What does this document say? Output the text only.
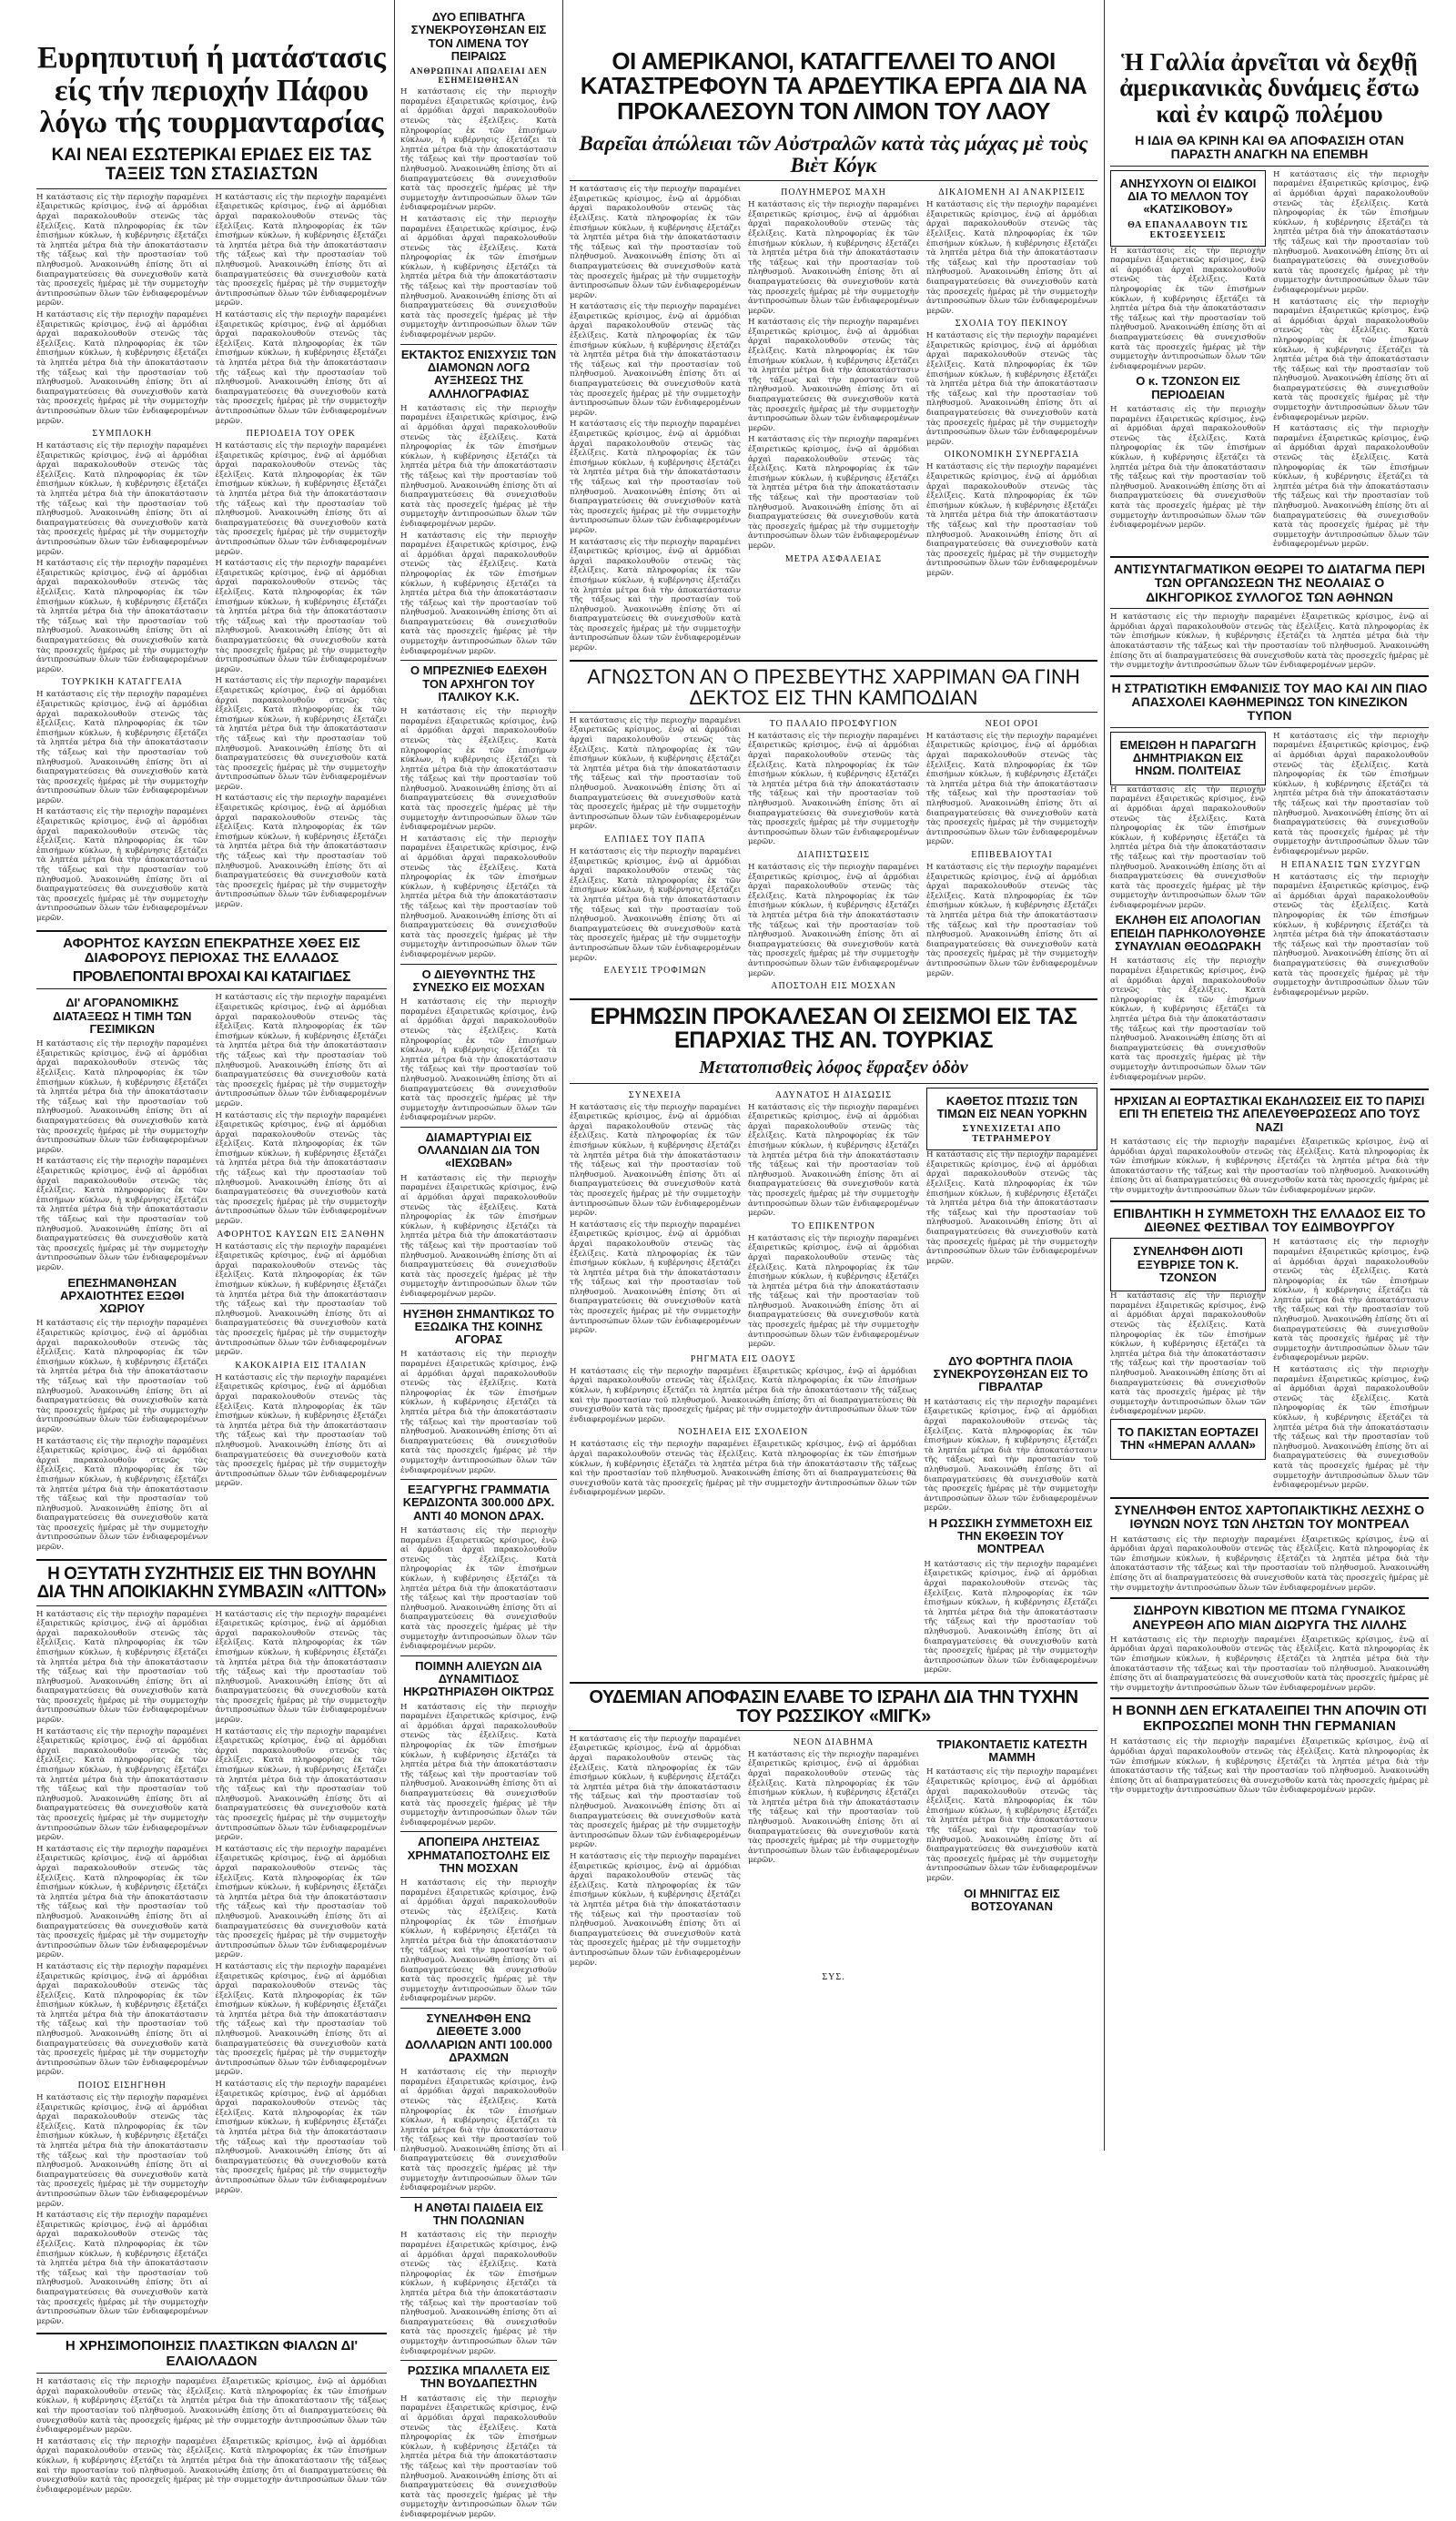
Ευρηπυτιυή ή ματάστασις είς τήν περιοχήν Πάφου λόγω τής τουρμανταρσίας
ΚΑΙ ΝΕΑΙ ΕΣΩΤΕΡΙΚΑΙ ΕΡΙΔΕΣ ΕΙΣ ΤΑΣ ΤΑΞΕΙΣ ΤΩΝ ΣΤΑΣΙΑΣΤΩΝ

Η κατάστασις εἰς τὴν περιοχὴν παραμένει ἐξαιρετικῶς κρίσιμος, ἐνῷ αἱ ἀρμόδιαι ἀρχαὶ παρακολουθοῦν στενῶς τὰς ἐξελίξεις. Κατὰ πληροφορίας ἐκ τῶν ἐπισήμων κύκλων, ἡ κυβέρνησις ἐξετάζει τὰ ληπτέα μέτρα διὰ τὴν ἀποκατάστασιν τῆς τάξεως καὶ τὴν προστασίαν τοῦ πληθυσμοῦ. Ἀνακοινώθη ἐπίσης ὅτι αἱ διαπραγματεύσεις θὰ συνεχισθοῦν κατὰ τὰς προσεχεῖς ἡμέρας μὲ τὴν συμμετοχὴν ἀντιπροσώπων ὅλων τῶν ἐνδιαφερομένων μερῶν.

Η κατάστασις εἰς τὴν περιοχὴν παραμένει ἐξαιρετικῶς κρίσιμος, ἐνῷ αἱ ἀρμόδιαι ἀρχαὶ παρακολουθοῦν στενῶς τὰς ἐξελίξεις. Κατὰ πληροφορίας ἐκ τῶν ἐπισήμων κύκλων, ἡ κυβέρνησις ἐξετάζει τὰ ληπτέα μέτρα διὰ τὴν ἀποκατάστασιν τῆς τάξεως καὶ τὴν προστασίαν τοῦ πληθυσμοῦ. Ἀνακοινώθη ἐπίσης ὅτι αἱ διαπραγματεύσεις θὰ συνεχισθοῦν κατὰ τὰς προσεχεῖς ἡμέρας μὲ τὴν συμμετοχὴν ἀντιπροσώπων ὅλων τῶν ἐνδιαφερομένων μερῶν.

ΣΥΜΠΛΟΚΗ

Η κατάστασις εἰς τὴν περιοχὴν παραμένει ἐξαιρετικῶς κρίσιμος, ἐνῷ αἱ ἀρμόδιαι ἀρχαὶ παρακολουθοῦν στενῶς τὰς ἐξελίξεις. Κατὰ πληροφορίας ἐκ τῶν ἐπισήμων κύκλων, ἡ κυβέρνησις ἐξετάζει τὰ ληπτέα μέτρα διὰ τὴν ἀποκατάστασιν τῆς τάξεως καὶ τὴν προστασίαν τοῦ πληθυσμοῦ. Ἀνακοινώθη ἐπίσης ὅτι αἱ διαπραγματεύσεις θὰ συνεχισθοῦν κατὰ τὰς προσεχεῖς ἡμέρας μὲ τὴν συμμετοχὴν ἀντιπροσώπων ὅλων τῶν ἐνδιαφερομένων μερῶν.

Η κατάστασις εἰς τὴν περιοχὴν παραμένει ἐξαιρετικῶς κρίσιμος, ἐνῷ αἱ ἀρμόδιαι ἀρχαὶ παρακολουθοῦν στενῶς τὰς ἐξελίξεις. Κατὰ πληροφορίας ἐκ τῶν ἐπισήμων κύκλων, ἡ κυβέρνησις ἐξετάζει τὰ ληπτέα μέτρα διὰ τὴν ἀποκατάστασιν τῆς τάξεως καὶ τὴν προστασίαν τοῦ πληθυσμοῦ. Ἀνακοινώθη ἐπίσης ὅτι αἱ διαπραγματεύσεις θὰ συνεχισθοῦν κατὰ τὰς προσεχεῖς ἡμέρας μὲ τὴν συμμετοχὴν ἀντιπροσώπων ὅλων τῶν ἐνδιαφερομένων μερῶν.

ΤΟΥΡΚΙΚΗ ΚΑΤΑΓΓΕΛΙΑ

Η κατάστασις εἰς τὴν περιοχὴν παραμένει ἐξαιρετικῶς κρίσιμος, ἐνῷ αἱ ἀρμόδιαι ἀρχαὶ παρακολουθοῦν στενῶς τὰς ἐξελίξεις. Κατὰ πληροφορίας ἐκ τῶν ἐπισήμων κύκλων, ἡ κυβέρνησις ἐξετάζει τὰ ληπτέα μέτρα διὰ τὴν ἀποκατάστασιν τῆς τάξεως καὶ τὴν προστασίαν τοῦ πληθυσμοῦ. Ἀνακοινώθη ἐπίσης ὅτι αἱ διαπραγματεύσεις θὰ συνεχισθοῦν κατὰ τὰς προσεχεῖς ἡμέρας μὲ τὴν συμμετοχὴν ἀντιπροσώπων ὅλων τῶν ἐνδιαφερομένων μερῶν.

Η κατάστασις εἰς τὴν περιοχὴν παραμένει ἐξαιρετικῶς κρίσιμος, ἐνῷ αἱ ἀρμόδιαι ἀρχαὶ παρακολουθοῦν στενῶς τὰς ἐξελίξεις. Κατὰ πληροφορίας ἐκ τῶν ἐπισήμων κύκλων, ἡ κυβέρνησις ἐξετάζει τὰ ληπτέα μέτρα διὰ τὴν ἀποκατάστασιν τῆς τάξεως καὶ τὴν προστασίαν τοῦ πληθυσμοῦ. Ἀνακοινώθη ἐπίσης ὅτι αἱ διαπραγματεύσεις θὰ συνεχισθοῦν κατὰ τὰς προσεχεῖς ἡμέρας μὲ τὴν συμμετοχὴν ἀντιπροσώπων ὅλων τῶν ἐνδιαφερομένων μερῶν.

Η κατάστασις εἰς τὴν περιοχὴν παραμένει ἐξαιρετικῶς κρίσιμος, ἐνῷ αἱ ἀρμόδιαι ἀρχαὶ παρακολουθοῦν στενῶς τὰς ἐξελίξεις. Κατὰ πληροφορίας ἐκ τῶν ἐπισήμων κύκλων, ἡ κυβέρνησις ἐξετάζει τὰ ληπτέα μέτρα διὰ τὴν ἀποκατάστασιν τῆς τάξεως καὶ τὴν προστασίαν τοῦ πληθυσμοῦ. Ἀνακοινώθη ἐπίσης ὅτι αἱ διαπραγματεύσεις θὰ συνεχισθοῦν κατὰ τὰς προσεχεῖς ἡμέρας μὲ τὴν συμμετοχὴν ἀντιπροσώπων ὅλων τῶν ἐνδιαφερομένων μερῶν.

Η κατάστασις εἰς τὴν περιοχὴν παραμένει ἐξαιρετικῶς κρίσιμος, ἐνῷ αἱ ἀρμόδιαι ἀρχαὶ παρακολουθοῦν στενῶς τὰς ἐξελίξεις. Κατὰ πληροφορίας ἐκ τῶν ἐπισήμων κύκλων, ἡ κυβέρνησις ἐξετάζει τὰ ληπτέα μέτρα διὰ τὴν ἀποκατάστασιν τῆς τάξεως καὶ τὴν προστασίαν τοῦ πληθυσμοῦ. Ἀνακοινώθη ἐπίσης ὅτι αἱ διαπραγματεύσεις θὰ συνεχισθοῦν κατὰ τὰς προσεχεῖς ἡμέρας μὲ τὴν συμμετοχὴν ἀντιπροσώπων ὅλων τῶν ἐνδιαφερομένων μερῶν.

ΠΕΡΙΟΔΕΙΑ ΤΟΥ ΟΡΕΚ

Η κατάστασις εἰς τὴν περιοχὴν παραμένει ἐξαιρετικῶς κρίσιμος, ἐνῷ αἱ ἀρμόδιαι ἀρχαὶ παρακολουθοῦν στενῶς τὰς ἐξελίξεις. Κατὰ πληροφορίας ἐκ τῶν ἐπισήμων κύκλων, ἡ κυβέρνησις ἐξετάζει τὰ ληπτέα μέτρα διὰ τὴν ἀποκατάστασιν τῆς τάξεως καὶ τὴν προστασίαν τοῦ πληθυσμοῦ. Ἀνακοινώθη ἐπίσης ὅτι αἱ διαπραγματεύσεις θὰ συνεχισθοῦν κατὰ τὰς προσεχεῖς ἡμέρας μὲ τὴν συμμετοχὴν ἀντιπροσώπων ὅλων τῶν ἐνδιαφερομένων μερῶν.

Η κατάστασις εἰς τὴν περιοχὴν παραμένει ἐξαιρετικῶς κρίσιμος, ἐνῷ αἱ ἀρμόδιαι ἀρχαὶ παρακολουθοῦν στενῶς τὰς ἐξελίξεις. Κατὰ πληροφορίας ἐκ τῶν ἐπισήμων κύκλων, ἡ κυβέρνησις ἐξετάζει τὰ ληπτέα μέτρα διὰ τὴν ἀποκατάστασιν τῆς τάξεως καὶ τὴν προστασίαν τοῦ πληθυσμοῦ. Ἀνακοινώθη ἐπίσης ὅτι αἱ διαπραγματεύσεις θὰ συνεχισθοῦν κατὰ τὰς προσεχεῖς ἡμέρας μὲ τὴν συμμετοχὴν ἀντιπροσώπων ὅλων τῶν ἐνδιαφερομένων μερῶν.

Η κατάστασις εἰς τὴν περιοχὴν παραμένει ἐξαιρετικῶς κρίσιμος, ἐνῷ αἱ ἀρμόδιαι ἀρχαὶ παρακολουθοῦν στενῶς τὰς ἐξελίξεις. Κατὰ πληροφορίας ἐκ τῶν ἐπισήμων κύκλων, ἡ κυβέρνησις ἐξετάζει τὰ ληπτέα μέτρα διὰ τὴν ἀποκατάστασιν τῆς τάξεως καὶ τὴν προστασίαν τοῦ πληθυσμοῦ. Ἀνακοινώθη ἐπίσης ὅτι αἱ διαπραγματεύσεις θὰ συνεχισθοῦν κατὰ τὰς προσεχεῖς ἡμέρας μὲ τὴν συμμετοχὴν ἀντιπροσώπων ὅλων τῶν ἐνδιαφερομένων μερῶν.

Η κατάστασις εἰς τὴν περιοχὴν παραμένει ἐξαιρετικῶς κρίσιμος, ἐνῷ αἱ ἀρμόδιαι ἀρχαὶ παρακολουθοῦν στενῶς τὰς ἐξελίξεις. Κατὰ πληροφορίας ἐκ τῶν ἐπισήμων κύκλων, ἡ κυβέρνησις ἐξετάζει τὰ ληπτέα μέτρα διὰ τὴν ἀποκατάστασιν τῆς τάξεως καὶ τὴν προστασίαν τοῦ πληθυσμοῦ. Ἀνακοινώθη ἐπίσης ὅτι αἱ διαπραγματεύσεις θὰ συνεχισθοῦν κατὰ τὰς προσεχεῖς ἡμέρας μὲ τὴν συμμετοχὴν ἀντιπροσώπων ὅλων τῶν ἐνδιαφερομένων μερῶν.

ΑΦΟΡΗΤΟΣ ΚΑΥΣΩΝ ΕΠΕΚΡΑΤΗΣΕ ΧΘΕΣ ΕΙΣ ΔΙΑΦΟΡΟΥΣ ΠΕΡΙΟΧΑΣ ΤΗΣ ΕΛΛΑΔΟΣ
ΠΡΟΒΛΕΠΟΝΤΑΙ ΒΡΟΧΑΙ ΚΑΙ ΚΑΤΑΙΓΙΔΕΣ
ΔΙ' ΑΓΟΡΑΝΟΜΙΚΗΣ ΔΙΑΤΑΞΕΩΣ Η ΤΙΜΗ ΤΩΝ ΓΕΣΙΜΙΚΩΝ

Η κατάστασις εἰς τὴν περιοχὴν παραμένει ἐξαιρετικῶς κρίσιμος, ἐνῷ αἱ ἀρμόδιαι ἀρχαὶ παρακολουθοῦν στενῶς τὰς ἐξελίξεις. Κατὰ πληροφορίας ἐκ τῶν ἐπισήμων κύκλων, ἡ κυβέρνησις ἐξετάζει τὰ ληπτέα μέτρα διὰ τὴν ἀποκατάστασιν τῆς τάξεως καὶ τὴν προστασίαν τοῦ πληθυσμοῦ. Ἀνακοινώθη ἐπίσης ὅτι αἱ διαπραγματεύσεις θὰ συνεχισθοῦν κατὰ τὰς προσεχεῖς ἡμέρας μὲ τὴν συμμετοχὴν ἀντιπροσώπων ὅλων τῶν ἐνδιαφερομένων μερῶν.

Η κατάστασις εἰς τὴν περιοχὴν παραμένει ἐξαιρετικῶς κρίσιμος, ἐνῷ αἱ ἀρμόδιαι ἀρχαὶ παρακολουθοῦν στενῶς τὰς ἐξελίξεις. Κατὰ πληροφορίας ἐκ τῶν ἐπισήμων κύκλων, ἡ κυβέρνησις ἐξετάζει τὰ ληπτέα μέτρα διὰ τὴν ἀποκατάστασιν τῆς τάξεως καὶ τὴν προστασίαν τοῦ πληθυσμοῦ. Ἀνακοινώθη ἐπίσης ὅτι αἱ διαπραγματεύσεις θὰ συνεχισθοῦν κατὰ τὰς προσεχεῖς ἡμέρας μὲ τὴν συμμετοχὴν ἀντιπροσώπων ὅλων τῶν ἐνδιαφερομένων μερῶν.

ΕΠΕΣΗΜΑΝΘΗΣΑΝ ΑΡΧΑΙΟΤΗΤΕΣ ΕΞΩΘΙ ΧΩΡΙΟΥ

Η κατάστασις εἰς τὴν περιοχὴν παραμένει ἐξαιρετικῶς κρίσιμος, ἐνῷ αἱ ἀρμόδιαι ἀρχαὶ παρακολουθοῦν στενῶς τὰς ἐξελίξεις. Κατὰ πληροφορίας ἐκ τῶν ἐπισήμων κύκλων, ἡ κυβέρνησις ἐξετάζει τὰ ληπτέα μέτρα διὰ τὴν ἀποκατάστασιν τῆς τάξεως καὶ τὴν προστασίαν τοῦ πληθυσμοῦ. Ἀνακοινώθη ἐπίσης ὅτι αἱ διαπραγματεύσεις θὰ συνεχισθοῦν κατὰ τὰς προσεχεῖς ἡμέρας μὲ τὴν συμμετοχὴν ἀντιπροσώπων ὅλων τῶν ἐνδιαφερομένων μερῶν.

Η κατάστασις εἰς τὴν περιοχὴν παραμένει ἐξαιρετικῶς κρίσιμος, ἐνῷ αἱ ἀρμόδιαι ἀρχαὶ παρακολουθοῦν στενῶς τὰς ἐξελίξεις. Κατὰ πληροφορίας ἐκ τῶν ἐπισήμων κύκλων, ἡ κυβέρνησις ἐξετάζει τὰ ληπτέα μέτρα διὰ τὴν ἀποκατάστασιν τῆς τάξεως καὶ τὴν προστασίαν τοῦ πληθυσμοῦ. Ἀνακοινώθη ἐπίσης ὅτι αἱ διαπραγματεύσεις θὰ συνεχισθοῦν κατὰ τὰς προσεχεῖς ἡμέρας μὲ τὴν συμμετοχὴν ἀντιπροσώπων ὅλων τῶν ἐνδιαφερομένων μερῶν.

Η κατάστασις εἰς τὴν περιοχὴν παραμένει ἐξαιρετικῶς κρίσιμος, ἐνῷ αἱ ἀρμόδιαι ἀρχαὶ παρακολουθοῦν στενῶς τὰς ἐξελίξεις. Κατὰ πληροφορίας ἐκ τῶν ἐπισήμων κύκλων, ἡ κυβέρνησις ἐξετάζει τὰ ληπτέα μέτρα διὰ τὴν ἀποκατάστασιν τῆς τάξεως καὶ τὴν προστασίαν τοῦ πληθυσμοῦ. Ἀνακοινώθη ἐπίσης ὅτι αἱ διαπραγματεύσεις θὰ συνεχισθοῦν κατὰ τὰς προσεχεῖς ἡμέρας μὲ τὴν συμμετοχὴν ἀντιπροσώπων ὅλων τῶν ἐνδιαφερομένων μερῶν.

Η κατάστασις εἰς τὴν περιοχὴν παραμένει ἐξαιρετικῶς κρίσιμος, ἐνῷ αἱ ἀρμόδιαι ἀρχαὶ παρακολουθοῦν στενῶς τὰς ἐξελίξεις. Κατὰ πληροφορίας ἐκ τῶν ἐπισήμων κύκλων, ἡ κυβέρνησις ἐξετάζει τὰ ληπτέα μέτρα διὰ τὴν ἀποκατάστασιν τῆς τάξεως καὶ τὴν προστασίαν τοῦ πληθυσμοῦ. Ἀνακοινώθη ἐπίσης ὅτι αἱ διαπραγματεύσεις θὰ συνεχισθοῦν κατὰ τὰς προσεχεῖς ἡμέρας μὲ τὴν συμμετοχὴν ἀντιπροσώπων ὅλων τῶν ἐνδιαφερομένων μερῶν.

ΑΦΟΡΗΤΟΣ ΚΑΥΣΩΝ ΕΙΣ ΞΑΝΘΗΝ

Η κατάστασις εἰς τὴν περιοχὴν παραμένει ἐξαιρετικῶς κρίσιμος, ἐνῷ αἱ ἀρμόδιαι ἀρχαὶ παρακολουθοῦν στενῶς τὰς ἐξελίξεις. Κατὰ πληροφορίας ἐκ τῶν ἐπισήμων κύκλων, ἡ κυβέρνησις ἐξετάζει τὰ ληπτέα μέτρα διὰ τὴν ἀποκατάστασιν τῆς τάξεως καὶ τὴν προστασίαν τοῦ πληθυσμοῦ. Ἀνακοινώθη ἐπίσης ὅτι αἱ διαπραγματεύσεις θὰ συνεχισθοῦν κατὰ τὰς προσεχεῖς ἡμέρας μὲ τὴν συμμετοχὴν ἀντιπροσώπων ὅλων τῶν ἐνδιαφερομένων μερῶν.

ΚΑΚΟΚΑΙΡΙΑ ΕΙΣ ΙΤΑΛΙΑΝ

Η κατάστασις εἰς τὴν περιοχὴν παραμένει ἐξαιρετικῶς κρίσιμος, ἐνῷ αἱ ἀρμόδιαι ἀρχαὶ παρακολουθοῦν στενῶς τὰς ἐξελίξεις. Κατὰ πληροφορίας ἐκ τῶν ἐπισήμων κύκλων, ἡ κυβέρνησις ἐξετάζει τὰ ληπτέα μέτρα διὰ τὴν ἀποκατάστασιν τῆς τάξεως καὶ τὴν προστασίαν τοῦ πληθυσμοῦ. Ἀνακοινώθη ἐπίσης ὅτι αἱ διαπραγματεύσεις θὰ συνεχισθοῦν κατὰ τὰς προσεχεῖς ἡμέρας μὲ τὴν συμμετοχὴν ἀντιπροσώπων ὅλων τῶν ἐνδιαφερομένων μερῶν.

Η ΟΞΥΤΑΤΗ ΣΥΖΗΤΗΣΙΣ ΕΙΣ ΤΗΝ ΒΟΥΛΗΝ ΔΙΑ ΤΗΝ ΑΠΟΙΚΙΑΚΗΝ ΣΥΜΒΑΣΙΝ «ΛΙΤΤΟΝ»

Η κατάστασις εἰς τὴν περιοχὴν παραμένει ἐξαιρετικῶς κρίσιμος, ἐνῷ αἱ ἀρμόδιαι ἀρχαὶ παρακολουθοῦν στενῶς τὰς ἐξελίξεις. Κατὰ πληροφορίας ἐκ τῶν ἐπισήμων κύκλων, ἡ κυβέρνησις ἐξετάζει τὰ ληπτέα μέτρα διὰ τὴν ἀποκατάστασιν τῆς τάξεως καὶ τὴν προστασίαν τοῦ πληθυσμοῦ. Ἀνακοινώθη ἐπίσης ὅτι αἱ διαπραγματεύσεις θὰ συνεχισθοῦν κατὰ τὰς προσεχεῖς ἡμέρας μὲ τὴν συμμετοχὴν ἀντιπροσώπων ὅλων τῶν ἐνδιαφερομένων μερῶν.

Η κατάστασις εἰς τὴν περιοχὴν παραμένει ἐξαιρετικῶς κρίσιμος, ἐνῷ αἱ ἀρμόδιαι ἀρχαὶ παρακολουθοῦν στενῶς τὰς ἐξελίξεις. Κατὰ πληροφορίας ἐκ τῶν ἐπισήμων κύκλων, ἡ κυβέρνησις ἐξετάζει τὰ ληπτέα μέτρα διὰ τὴν ἀποκατάστασιν τῆς τάξεως καὶ τὴν προστασίαν τοῦ πληθυσμοῦ. Ἀνακοινώθη ἐπίσης ὅτι αἱ διαπραγματεύσεις θὰ συνεχισθοῦν κατὰ τὰς προσεχεῖς ἡμέρας μὲ τὴν συμμετοχὴν ἀντιπροσώπων ὅλων τῶν ἐνδιαφερομένων μερῶν.

Η κατάστασις εἰς τὴν περιοχὴν παραμένει ἐξαιρετικῶς κρίσιμος, ἐνῷ αἱ ἀρμόδιαι ἀρχαὶ παρακολουθοῦν στενῶς τὰς ἐξελίξεις. Κατὰ πληροφορίας ἐκ τῶν ἐπισήμων κύκλων, ἡ κυβέρνησις ἐξετάζει τὰ ληπτέα μέτρα διὰ τὴν ἀποκατάστασιν τῆς τάξεως καὶ τὴν προστασίαν τοῦ πληθυσμοῦ. Ἀνακοινώθη ἐπίσης ὅτι αἱ διαπραγματεύσεις θὰ συνεχισθοῦν κατὰ τὰς προσεχεῖς ἡμέρας μὲ τὴν συμμετοχὴν ἀντιπροσώπων ὅλων τῶν ἐνδιαφερομένων μερῶν.

Η κατάστασις εἰς τὴν περιοχὴν παραμένει ἐξαιρετικῶς κρίσιμος, ἐνῷ αἱ ἀρμόδιαι ἀρχαὶ παρακολουθοῦν στενῶς τὰς ἐξελίξεις. Κατὰ πληροφορίας ἐκ τῶν ἐπισήμων κύκλων, ἡ κυβέρνησις ἐξετάζει τὰ ληπτέα μέτρα διὰ τὴν ἀποκατάστασιν τῆς τάξεως καὶ τὴν προστασίαν τοῦ πληθυσμοῦ. Ἀνακοινώθη ἐπίσης ὅτι αἱ διαπραγματεύσεις θὰ συνεχισθοῦν κατὰ τὰς προσεχεῖς ἡμέρας μὲ τὴν συμμετοχὴν ἀντιπροσώπων ὅλων τῶν ἐνδιαφερομένων μερῶν.

ΠΟΙΟΣ ΕΙΣΗΓΗΘΗ

Η κατάστασις εἰς τὴν περιοχὴν παραμένει ἐξαιρετικῶς κρίσιμος, ἐνῷ αἱ ἀρμόδιαι ἀρχαὶ παρακολουθοῦν στενῶς τὰς ἐξελίξεις. Κατὰ πληροφορίας ἐκ τῶν ἐπισήμων κύκλων, ἡ κυβέρνησις ἐξετάζει τὰ ληπτέα μέτρα διὰ τὴν ἀποκατάστασιν τῆς τάξεως καὶ τὴν προστασίαν τοῦ πληθυσμοῦ. Ἀνακοινώθη ἐπίσης ὅτι αἱ διαπραγματεύσεις θὰ συνεχισθοῦν κατὰ τὰς προσεχεῖς ἡμέρας μὲ τὴν συμμετοχὴν ἀντιπροσώπων ὅλων τῶν ἐνδιαφερομένων μερῶν.

Η κατάστασις εἰς τὴν περιοχὴν παραμένει ἐξαιρετικῶς κρίσιμος, ἐνῷ αἱ ἀρμόδιαι ἀρχαὶ παρακολουθοῦν στενῶς τὰς ἐξελίξεις. Κατὰ πληροφορίας ἐκ τῶν ἐπισήμων κύκλων, ἡ κυβέρνησις ἐξετάζει τὰ ληπτέα μέτρα διὰ τὴν ἀποκατάστασιν τῆς τάξεως καὶ τὴν προστασίαν τοῦ πληθυσμοῦ. Ἀνακοινώθη ἐπίσης ὅτι αἱ διαπραγματεύσεις θὰ συνεχισθοῦν κατὰ τὰς προσεχεῖς ἡμέρας μὲ τὴν συμμετοχὴν ἀντιπροσώπων ὅλων τῶν ἐνδιαφερομένων μερῶν.

Η κατάστασις εἰς τὴν περιοχὴν παραμένει ἐξαιρετικῶς κρίσιμος, ἐνῷ αἱ ἀρμόδιαι ἀρχαὶ παρακολουθοῦν στενῶς τὰς ἐξελίξεις. Κατὰ πληροφορίας ἐκ τῶν ἐπισήμων κύκλων, ἡ κυβέρνησις ἐξετάζει τὰ ληπτέα μέτρα διὰ τὴν ἀποκατάστασιν τῆς τάξεως καὶ τὴν προστασίαν τοῦ πληθυσμοῦ. Ἀνακοινώθη ἐπίσης ὅτι αἱ διαπραγματεύσεις θὰ συνεχισθοῦν κατὰ τὰς προσεχεῖς ἡμέρας μὲ τὴν συμμετοχὴν ἀντιπροσώπων ὅλων τῶν ἐνδιαφερομένων μερῶν.

Η κατάστασις εἰς τὴν περιοχὴν παραμένει ἐξαιρετικῶς κρίσιμος, ἐνῷ αἱ ἀρμόδιαι ἀρχαὶ παρακολουθοῦν στενῶς τὰς ἐξελίξεις. Κατὰ πληροφορίας ἐκ τῶν ἐπισήμων κύκλων, ἡ κυβέρνησις ἐξετάζει τὰ ληπτέα μέτρα διὰ τὴν ἀποκατάστασιν τῆς τάξεως καὶ τὴν προστασίαν τοῦ πληθυσμοῦ. Ἀνακοινώθη ἐπίσης ὅτι αἱ διαπραγματεύσεις θὰ συνεχισθοῦν κατὰ τὰς προσεχεῖς ἡμέρας μὲ τὴν συμμετοχὴν ἀντιπροσώπων ὅλων τῶν ἐνδιαφερομένων μερῶν.

Η κατάστασις εἰς τὴν περιοχὴν παραμένει ἐξαιρετικῶς κρίσιμος, ἐνῷ αἱ ἀρμόδιαι ἀρχαὶ παρακολουθοῦν στενῶς τὰς ἐξελίξεις. Κατὰ πληροφορίας ἐκ τῶν ἐπισήμων κύκλων, ἡ κυβέρνησις ἐξετάζει τὰ ληπτέα μέτρα διὰ τὴν ἀποκατάστασιν τῆς τάξεως καὶ τὴν προστασίαν τοῦ πληθυσμοῦ. Ἀνακοινώθη ἐπίσης ὅτι αἱ διαπραγματεύσεις θὰ συνεχισθοῦν κατὰ τὰς προσεχεῖς ἡμέρας μὲ τὴν συμμετοχὴν ἀντιπροσώπων ὅλων τῶν ἐνδιαφερομένων μερῶν.

Η κατάστασις εἰς τὴν περιοχὴν παραμένει ἐξαιρετικῶς κρίσιμος, ἐνῷ αἱ ἀρμόδιαι ἀρχαὶ παρακολουθοῦν στενῶς τὰς ἐξελίξεις. Κατὰ πληροφορίας ἐκ τῶν ἐπισήμων κύκλων, ἡ κυβέρνησις ἐξετάζει τὰ ληπτέα μέτρα διὰ τὴν ἀποκατάστασιν τῆς τάξεως καὶ τὴν προστασίαν τοῦ πληθυσμοῦ. Ἀνακοινώθη ἐπίσης ὅτι αἱ διαπραγματεύσεις θὰ συνεχισθοῦν κατὰ τὰς προσεχεῖς ἡμέρας μὲ τὴν συμμετοχὴν ἀντιπροσώπων ὅλων τῶν ἐνδιαφερομένων μερῶν.

Η κατάστασις εἰς τὴν περιοχὴν παραμένει ἐξαιρετικῶς κρίσιμος, ἐνῷ αἱ ἀρμόδιαι ἀρχαὶ παρακολουθοῦν στενῶς τὰς ἐξελίξεις. Κατὰ πληροφορίας ἐκ τῶν ἐπισήμων κύκλων, ἡ κυβέρνησις ἐξετάζει τὰ ληπτέα μέτρα διὰ τὴν ἀποκατάστασιν τῆς τάξεως καὶ τὴν προστασίαν τοῦ πληθυσμοῦ. Ἀνακοινώθη ἐπίσης ὅτι αἱ διαπραγματεύσεις θὰ συνεχισθοῦν κατὰ τὰς προσεχεῖς ἡμέρας μὲ τὴν συμμετοχὴν ἀντιπροσώπων ὅλων τῶν ἐνδιαφερομένων μερῶν.

Η ΧΡΗΣΙΜΟΠΟΙΗΣΙΣ ΠΛΑΣΤΙΚΩΝ ΦΙΑΛΩΝ ΔΙ' ΕΛΑΙΟΛΑΔΟΝ

Η κατάστασις εἰς τὴν περιοχὴν παραμένει ἐξαιρετικῶς κρίσιμος, ἐνῷ αἱ ἀρμόδιαι ἀρχαὶ παρακολουθοῦν στενῶς τὰς ἐξελίξεις. Κατὰ πληροφορίας ἐκ τῶν ἐπισήμων κύκλων, ἡ κυβέρνησις ἐξετάζει τὰ ληπτέα μέτρα διὰ τὴν ἀποκατάστασιν τῆς τάξεως καὶ τὴν προστασίαν τοῦ πληθυσμοῦ. Ἀνακοινώθη ἐπίσης ὅτι αἱ διαπραγματεύσεις θὰ συνεχισθοῦν κατὰ τὰς προσεχεῖς ἡμέρας μὲ τὴν συμμετοχὴν ἀντιπροσώπων ὅλων τῶν ἐνδιαφερομένων μερῶν.

Η κατάστασις εἰς τὴν περιοχὴν παραμένει ἐξαιρετικῶς κρίσιμος, ἐνῷ αἱ ἀρμόδιαι ἀρχαὶ παρακολουθοῦν στενῶς τὰς ἐξελίξεις. Κατὰ πληροφορίας ἐκ τῶν ἐπισήμων κύκλων, ἡ κυβέρνησις ἐξετάζει τὰ ληπτέα μέτρα διὰ τὴν ἀποκατάστασιν τῆς τάξεως καὶ τὴν προστασίαν τοῦ πληθυσμοῦ. Ἀνακοινώθη ἐπίσης ὅτι αἱ διαπραγματεύσεις θὰ συνεχισθοῦν κατὰ τὰς προσεχεῖς ἡμέρας μὲ τὴν συμμετοχὴν ἀντιπροσώπων ὅλων τῶν ἐνδιαφερομένων μερῶν.

ΔΥΟ ΕΠΙΒΑΤΗΓΑ ΣΥΝΕΚΡΟΥΣΘΗΣΑΝ ΕΙΣ ΤΟΝ ΛΙΜΕΝΑ ΤΟΥ ΠΕΙΡΑΙΩΣ
ΑΝΘΡΩΠΙΝΑΙ ΑΠΩΛΕΙΑΙ ΔΕΝ ΕΣΗΜΕΙΩΘΗΣΑΝ

Η κατάστασις εἰς τὴν περιοχὴν παραμένει ἐξαιρετικῶς κρίσιμος, ἐνῷ αἱ ἀρμόδιαι ἀρχαὶ παρακολουθοῦν στενῶς τὰς ἐξελίξεις. Κατὰ πληροφορίας ἐκ τῶν ἐπισήμων κύκλων, ἡ κυβέρνησις ἐξετάζει τὰ ληπτέα μέτρα διὰ τὴν ἀποκατάστασιν τῆς τάξεως καὶ τὴν προστασίαν τοῦ πληθυσμοῦ. Ἀνακοινώθη ἐπίσης ὅτι αἱ διαπραγματεύσεις θὰ συνεχισθοῦν κατὰ τὰς προσεχεῖς ἡμέρας μὲ τὴν συμμετοχὴν ἀντιπροσώπων ὅλων τῶν ἐνδιαφερομένων μερῶν.

Η κατάστασις εἰς τὴν περιοχὴν παραμένει ἐξαιρετικῶς κρίσιμος, ἐνῷ αἱ ἀρμόδιαι ἀρχαὶ παρακολουθοῦν στενῶς τὰς ἐξελίξεις. Κατὰ πληροφορίας ἐκ τῶν ἐπισήμων κύκλων, ἡ κυβέρνησις ἐξετάζει τὰ ληπτέα μέτρα διὰ τὴν ἀποκατάστασιν τῆς τάξεως καὶ τὴν προστασίαν τοῦ πληθυσμοῦ. Ἀνακοινώθη ἐπίσης ὅτι αἱ διαπραγματεύσεις θὰ συνεχισθοῦν κατὰ τὰς προσεχεῖς ἡμέρας μὲ τὴν συμμετοχὴν ἀντιπροσώπων ὅλων τῶν ἐνδιαφερομένων μερῶν.

ΕΚΤΑΚΤΟΣ ΕΝΙΣΧΥΣΙΣ ΤΩΝ ΔΙΑΜΟΝΩΝ ΛΟΓΩ ΑΥΞΗΣΕΩΣ ΤΗΣ ΑΛΛΗΛΟΓΡΑΦΙΑΣ

Η κατάστασις εἰς τὴν περιοχὴν παραμένει ἐξαιρετικῶς κρίσιμος, ἐνῷ αἱ ἀρμόδιαι ἀρχαὶ παρακολουθοῦν στενῶς τὰς ἐξελίξεις. Κατὰ πληροφορίας ἐκ τῶν ἐπισήμων κύκλων, ἡ κυβέρνησις ἐξετάζει τὰ ληπτέα μέτρα διὰ τὴν ἀποκατάστασιν τῆς τάξεως καὶ τὴν προστασίαν τοῦ πληθυσμοῦ. Ἀνακοινώθη ἐπίσης ὅτι αἱ διαπραγματεύσεις θὰ συνεχισθοῦν κατὰ τὰς προσεχεῖς ἡμέρας μὲ τὴν συμμετοχὴν ἀντιπροσώπων ὅλων τῶν ἐνδιαφερομένων μερῶν.

Η κατάστασις εἰς τὴν περιοχὴν παραμένει ἐξαιρετικῶς κρίσιμος, ἐνῷ αἱ ἀρμόδιαι ἀρχαὶ παρακολουθοῦν στενῶς τὰς ἐξελίξεις. Κατὰ πληροφορίας ἐκ τῶν ἐπισήμων κύκλων, ἡ κυβέρνησις ἐξετάζει τὰ ληπτέα μέτρα διὰ τὴν ἀποκατάστασιν τῆς τάξεως καὶ τὴν προστασίαν τοῦ πληθυσμοῦ. Ἀνακοινώθη ἐπίσης ὅτι αἱ διαπραγματεύσεις θὰ συνεχισθοῦν κατὰ τὰς προσεχεῖς ἡμέρας μὲ τὴν συμμετοχὴν ἀντιπροσώπων ὅλων τῶν ἐνδιαφερομένων μερῶν.

Ο ΜΠΡΕΖΝΙΕΦ ΕΔΕΧΘΗ ΤΟΝ ΑΡΧΗΓΟΝ ΤΟΥ ΙΤΑΛΙΚΟΥ Κ.Κ.

Η κατάστασις εἰς τὴν περιοχὴν παραμένει ἐξαιρετικῶς κρίσιμος, ἐνῷ αἱ ἀρμόδιαι ἀρχαὶ παρακολουθοῦν στενῶς τὰς ἐξελίξεις. Κατὰ πληροφορίας ἐκ τῶν ἐπισήμων κύκλων, ἡ κυβέρνησις ἐξετάζει τὰ ληπτέα μέτρα διὰ τὴν ἀποκατάστασιν τῆς τάξεως καὶ τὴν προστασίαν τοῦ πληθυσμοῦ. Ἀνακοινώθη ἐπίσης ὅτι αἱ διαπραγματεύσεις θὰ συνεχισθοῦν κατὰ τὰς προσεχεῖς ἡμέρας μὲ τὴν συμμετοχὴν ἀντιπροσώπων ὅλων τῶν ἐνδιαφερομένων μερῶν.

Η κατάστασις εἰς τὴν περιοχὴν παραμένει ἐξαιρετικῶς κρίσιμος, ἐνῷ αἱ ἀρμόδιαι ἀρχαὶ παρακολουθοῦν στενῶς τὰς ἐξελίξεις. Κατὰ πληροφορίας ἐκ τῶν ἐπισήμων κύκλων, ἡ κυβέρνησις ἐξετάζει τὰ ληπτέα μέτρα διὰ τὴν ἀποκατάστασιν τῆς τάξεως καὶ τὴν προστασίαν τοῦ πληθυσμοῦ. Ἀνακοινώθη ἐπίσης ὅτι αἱ διαπραγματεύσεις θὰ συνεχισθοῦν κατὰ τὰς προσεχεῖς ἡμέρας μὲ τὴν συμμετοχὴν ἀντιπροσώπων ὅλων τῶν ἐνδιαφερομένων μερῶν.

Ο ΔΙΕΥΘΥΝΤΗΣ ΤΗΣ ΣΥΝΕΣΚΟ ΕΙΣ ΜΟΣΧΑΝ

Η κατάστασις εἰς τὴν περιοχὴν παραμένει ἐξαιρετικῶς κρίσιμος, ἐνῷ αἱ ἀρμόδιαι ἀρχαὶ παρακολουθοῦν στενῶς τὰς ἐξελίξεις. Κατὰ πληροφορίας ἐκ τῶν ἐπισήμων κύκλων, ἡ κυβέρνησις ἐξετάζει τὰ ληπτέα μέτρα διὰ τὴν ἀποκατάστασιν τῆς τάξεως καὶ τὴν προστασίαν τοῦ πληθυσμοῦ. Ἀνακοινώθη ἐπίσης ὅτι αἱ διαπραγματεύσεις θὰ συνεχισθοῦν κατὰ τὰς προσεχεῖς ἡμέρας μὲ τὴν συμμετοχὴν ἀντιπροσώπων ὅλων τῶν ἐνδιαφερομένων μερῶν.

ΔΙΑΜΑΡΤΥΡΙΑΙ ΕΙΣ ΟΛΛΑΝΔΙΑΝ ΔΙΑ ΤΟΝ «ΙΕΧΩΒΑΝ»

Η κατάστασις εἰς τὴν περιοχὴν παραμένει ἐξαιρετικῶς κρίσιμος, ἐνῷ αἱ ἀρμόδιαι ἀρχαὶ παρακολουθοῦν στενῶς τὰς ἐξελίξεις. Κατὰ πληροφορίας ἐκ τῶν ἐπισήμων κύκλων, ἡ κυβέρνησις ἐξετάζει τὰ ληπτέα μέτρα διὰ τὴν ἀποκατάστασιν τῆς τάξεως καὶ τὴν προστασίαν τοῦ πληθυσμοῦ. Ἀνακοινώθη ἐπίσης ὅτι αἱ διαπραγματεύσεις θὰ συνεχισθοῦν κατὰ τὰς προσεχεῖς ἡμέρας μὲ τὴν συμμετοχὴν ἀντιπροσώπων ὅλων τῶν ἐνδιαφερομένων μερῶν.

ΗΥΞΗΘΗ ΣΗΜΑΝΤΙΚΩΣ ΤΟ ΕΞΩΔΙΚΑ ΤΗΣ ΚΟΙΝΗΣ ΑΓΟΡΑΣ

Η κατάστασις εἰς τὴν περιοχὴν παραμένει ἐξαιρετικῶς κρίσιμος, ἐνῷ αἱ ἀρμόδιαι ἀρχαὶ παρακολουθοῦν στενῶς τὰς ἐξελίξεις. Κατὰ πληροφορίας ἐκ τῶν ἐπισήμων κύκλων, ἡ κυβέρνησις ἐξετάζει τὰ ληπτέα μέτρα διὰ τὴν ἀποκατάστασιν τῆς τάξεως καὶ τὴν προστασίαν τοῦ πληθυσμοῦ. Ἀνακοινώθη ἐπίσης ὅτι αἱ διαπραγματεύσεις θὰ συνεχισθοῦν κατὰ τὰς προσεχεῖς ἡμέρας μὲ τὴν συμμετοχὴν ἀντιπροσώπων ὅλων τῶν ἐνδιαφερομένων μερῶν.

ΕΞΑΓΥΡΓΗΣ ΓΡΑΜΜΑΤΙΑ ΚΕΡΔΙΖΟΝΤΑ 300.000 ΔΡΧ. ΑΝΤΙ 40 ΜΟΝΟΝ ΔΡΑΧ.

Η κατάστασις εἰς τὴν περιοχὴν παραμένει ἐξαιρετικῶς κρίσιμος, ἐνῷ αἱ ἀρμόδιαι ἀρχαὶ παρακολουθοῦν στενῶς τὰς ἐξελίξεις. Κατὰ πληροφορίας ἐκ τῶν ἐπισήμων κύκλων, ἡ κυβέρνησις ἐξετάζει τὰ ληπτέα μέτρα διὰ τὴν ἀποκατάστασιν τῆς τάξεως καὶ τὴν προστασίαν τοῦ πληθυσμοῦ. Ἀνακοινώθη ἐπίσης ὅτι αἱ διαπραγματεύσεις θὰ συνεχισθοῦν κατὰ τὰς προσεχεῖς ἡμέρας μὲ τὴν συμμετοχὴν ἀντιπροσώπων ὅλων τῶν ἐνδιαφερομένων μερῶν.

ΠΟΙΜΝΗ ΑΛΙΕΥΩΝ ΔΙΑ ΔΥΝΑΜΙΤΙΔΟΣ ΗΚΡΩΤΗΡΙΑΣΘΗ ΟΙΚΤΡΩΣ

Η κατάστασις εἰς τὴν περιοχὴν παραμένει ἐξαιρετικῶς κρίσιμος, ἐνῷ αἱ ἀρμόδιαι ἀρχαὶ παρακολουθοῦν στενῶς τὰς ἐξελίξεις. Κατὰ πληροφορίας ἐκ τῶν ἐπισήμων κύκλων, ἡ κυβέρνησις ἐξετάζει τὰ ληπτέα μέτρα διὰ τὴν ἀποκατάστασιν τῆς τάξεως καὶ τὴν προστασίαν τοῦ πληθυσμοῦ. Ἀνακοινώθη ἐπίσης ὅτι αἱ διαπραγματεύσεις θὰ συνεχισθοῦν κατὰ τὰς προσεχεῖς ἡμέρας μὲ τὴν συμμετοχὴν ἀντιπροσώπων ὅλων τῶν ἐνδιαφερομένων μερῶν.

ΑΠΟΠΕΙΡΑ ΛΗΣΤΕΙΑΣ ΧΡΗΜΑΤΑΠΟΣΤΟΛΗΣ ΕΙΣ ΤΗΝ ΜΟΣΧΑΝ

Η κατάστασις εἰς τὴν περιοχὴν παραμένει ἐξαιρετικῶς κρίσιμος, ἐνῷ αἱ ἀρμόδιαι ἀρχαὶ παρακολουθοῦν στενῶς τὰς ἐξελίξεις. Κατὰ πληροφορίας ἐκ τῶν ἐπισήμων κύκλων, ἡ κυβέρνησις ἐξετάζει τὰ ληπτέα μέτρα διὰ τὴν ἀποκατάστασιν τῆς τάξεως καὶ τὴν προστασίαν τοῦ πληθυσμοῦ. Ἀνακοινώθη ἐπίσης ὅτι αἱ διαπραγματεύσεις θὰ συνεχισθοῦν κατὰ τὰς προσεχεῖς ἡμέρας μὲ τὴν συμμετοχὴν ἀντιπροσώπων ὅλων τῶν ἐνδιαφερομένων μερῶν.

ΣΥΝΕΛΗΦΘΗ ΕΝΩ ΔΙΕΘΕΤΕ 3.000 ΔΟΛΛΑΡΙΩΝ ΑΝΤΙ 100.000 ΔΡΑΧΜΩΝ

Η κατάστασις εἰς τὴν περιοχὴν παραμένει ἐξαιρετικῶς κρίσιμος, ἐνῷ αἱ ἀρμόδιαι ἀρχαὶ παρακολουθοῦν στενῶς τὰς ἐξελίξεις. Κατὰ πληροφορίας ἐκ τῶν ἐπισήμων κύκλων, ἡ κυβέρνησις ἐξετάζει τὰ ληπτέα μέτρα διὰ τὴν ἀποκατάστασιν τῆς τάξεως καὶ τὴν προστασίαν τοῦ πληθυσμοῦ. Ἀνακοινώθη ἐπίσης ὅτι αἱ διαπραγματεύσεις θὰ συνεχισθοῦν κατὰ τὰς προσεχεῖς ἡμέρας μὲ τὴν συμμετοχὴν ἀντιπροσώπων ὅλων τῶν ἐνδιαφερομένων μερῶν.

Η ΑΝΘΤΑΙ ΠΑΙΔΕΙΑ ΕΙΣ ΤΗΝ ΠΟΛΩΝΙΑΝ

Η κατάστασις εἰς τὴν περιοχὴν παραμένει ἐξαιρετικῶς κρίσιμος, ἐνῷ αἱ ἀρμόδιαι ἀρχαὶ παρακολουθοῦν στενῶς τὰς ἐξελίξεις. Κατὰ πληροφορίας ἐκ τῶν ἐπισήμων κύκλων, ἡ κυβέρνησις ἐξετάζει τὰ ληπτέα μέτρα διὰ τὴν ἀποκατάστασιν τῆς τάξεως καὶ τὴν προστασίαν τοῦ πληθυσμοῦ. Ἀνακοινώθη ἐπίσης ὅτι αἱ διαπραγματεύσεις θὰ συνεχισθοῦν κατὰ τὰς προσεχεῖς ἡμέρας μὲ τὴν συμμετοχὴν ἀντιπροσώπων ὅλων τῶν ἐνδιαφερομένων μερῶν.

ΡΩΣΣΙΚΑ ΜΠΑΛΛΕΤΑ ΕΙΣ ΤΗΝ ΒΟΥΔΑΠΕΣΤΗΝ

Η κατάστασις εἰς τὴν περιοχὴν παραμένει ἐξαιρετικῶς κρίσιμος, ἐνῷ αἱ ἀρμόδιαι ἀρχαὶ παρακολουθοῦν στενῶς τὰς ἐξελίξεις. Κατὰ πληροφορίας ἐκ τῶν ἐπισήμων κύκλων, ἡ κυβέρνησις ἐξετάζει τὰ ληπτέα μέτρα διὰ τὴν ἀποκατάστασιν τῆς τάξεως καὶ τὴν προστασίαν τοῦ πληθυσμοῦ. Ἀνακοινώθη ἐπίσης ὅτι αἱ διαπραγματεύσεις θὰ συνεχισθοῦν κατὰ τὰς προσεχεῖς ἡμέρας μὲ τὴν συμμετοχὴν ἀντιπροσώπων ὅλων τῶν ἐνδιαφερομένων μερῶν.

ΟΙ ΑΜΕΡΙΚΑΝΟΙ, ΚΑΤΑΓΓΕΛΛΕΙ ΤΟ ΑΝΟΙ ΚΑΤΑΣΤΡΕΦΟΥΝ ΤΑ ΑΡΔΕΥΤΙΚΑ ΕΡΓΑ ΔΙΑ ΝΑ ΠΡΟΚΑΛΕΣΟΥΝ ΤΟΝ ΛΙΜΟΝ ΤΟΥ ΛΑΟΥ
Βαρεῖαι ἀπώλειαι τῶν Αὐστραλῶν κατὰ τὰς μάχας μὲ τοὺς Βιὲτ Κόγκ

Η κατάστασις εἰς τὴν περιοχὴν παραμένει ἐξαιρετικῶς κρίσιμος, ἐνῷ αἱ ἀρμόδιαι ἀρχαὶ παρακολουθοῦν στενῶς τὰς ἐξελίξεις. Κατὰ πληροφορίας ἐκ τῶν ἐπισήμων κύκλων, ἡ κυβέρνησις ἐξετάζει τὰ ληπτέα μέτρα διὰ τὴν ἀποκατάστασιν τῆς τάξεως καὶ τὴν προστασίαν τοῦ πληθυσμοῦ. Ἀνακοινώθη ἐπίσης ὅτι αἱ διαπραγματεύσεις θὰ συνεχισθοῦν κατὰ τὰς προσεχεῖς ἡμέρας μὲ τὴν συμμετοχὴν ἀντιπροσώπων ὅλων τῶν ἐνδιαφερομένων μερῶν.

Η κατάστασις εἰς τὴν περιοχὴν παραμένει ἐξαιρετικῶς κρίσιμος, ἐνῷ αἱ ἀρμόδιαι ἀρχαὶ παρακολουθοῦν στενῶς τὰς ἐξελίξεις. Κατὰ πληροφορίας ἐκ τῶν ἐπισήμων κύκλων, ἡ κυβέρνησις ἐξετάζει τὰ ληπτέα μέτρα διὰ τὴν ἀποκατάστασιν τῆς τάξεως καὶ τὴν προστασίαν τοῦ πληθυσμοῦ. Ἀνακοινώθη ἐπίσης ὅτι αἱ διαπραγματεύσεις θὰ συνεχισθοῦν κατὰ τὰς προσεχεῖς ἡμέρας μὲ τὴν συμμετοχὴν ἀντιπροσώπων ὅλων τῶν ἐνδιαφερομένων μερῶν.

Η κατάστασις εἰς τὴν περιοχὴν παραμένει ἐξαιρετικῶς κρίσιμος, ἐνῷ αἱ ἀρμόδιαι ἀρχαὶ παρακολουθοῦν στενῶς τὰς ἐξελίξεις. Κατὰ πληροφορίας ἐκ τῶν ἐπισήμων κύκλων, ἡ κυβέρνησις ἐξετάζει τὰ ληπτέα μέτρα διὰ τὴν ἀποκατάστασιν τῆς τάξεως καὶ τὴν προστασίαν τοῦ πληθυσμοῦ. Ἀνακοινώθη ἐπίσης ὅτι αἱ διαπραγματεύσεις θὰ συνεχισθοῦν κατὰ τὰς προσεχεῖς ἡμέρας μὲ τὴν συμμετοχὴν ἀντιπροσώπων ὅλων τῶν ἐνδιαφερομένων μερῶν.

Η κατάστασις εἰς τὴν περιοχὴν παραμένει ἐξαιρετικῶς κρίσιμος, ἐνῷ αἱ ἀρμόδιαι ἀρχαὶ παρακολουθοῦν στενῶς τὰς ἐξελίξεις. Κατὰ πληροφορίας ἐκ τῶν ἐπισήμων κύκλων, ἡ κυβέρνησις ἐξετάζει τὰ ληπτέα μέτρα διὰ τὴν ἀποκατάστασιν τῆς τάξεως καὶ τὴν προστασίαν τοῦ πληθυσμοῦ. Ἀνακοινώθη ἐπίσης ὅτι αἱ διαπραγματεύσεις θὰ συνεχισθοῦν κατὰ τὰς προσεχεῖς ἡμέρας μὲ τὴν συμμετοχὴν ἀντιπροσώπων ὅλων τῶν ἐνδιαφερομένων μερῶν.

ΠΟΛΥΗΜΕΡΟΣ ΜΑΧΗ

Η κατάστασις εἰς τὴν περιοχὴν παραμένει ἐξαιρετικῶς κρίσιμος, ἐνῷ αἱ ἀρμόδιαι ἀρχαὶ παρακολουθοῦν στενῶς τὰς ἐξελίξεις. Κατὰ πληροφορίας ἐκ τῶν ἐπισήμων κύκλων, ἡ κυβέρνησις ἐξετάζει τὰ ληπτέα μέτρα διὰ τὴν ἀποκατάστασιν τῆς τάξεως καὶ τὴν προστασίαν τοῦ πληθυσμοῦ. Ἀνακοινώθη ἐπίσης ὅτι αἱ διαπραγματεύσεις θὰ συνεχισθοῦν κατὰ τὰς προσεχεῖς ἡμέρας μὲ τὴν συμμετοχὴν ἀντιπροσώπων ὅλων τῶν ἐνδιαφερομένων μερῶν.

Η κατάστασις εἰς τὴν περιοχὴν παραμένει ἐξαιρετικῶς κρίσιμος, ἐνῷ αἱ ἀρμόδιαι ἀρχαὶ παρακολουθοῦν στενῶς τὰς ἐξελίξεις. Κατὰ πληροφορίας ἐκ τῶν ἐπισήμων κύκλων, ἡ κυβέρνησις ἐξετάζει τὰ ληπτέα μέτρα διὰ τὴν ἀποκατάστασιν τῆς τάξεως καὶ τὴν προστασίαν τοῦ πληθυσμοῦ. Ἀνακοινώθη ἐπίσης ὅτι αἱ διαπραγματεύσεις θὰ συνεχισθοῦν κατὰ τὰς προσεχεῖς ἡμέρας μὲ τὴν συμμετοχὴν ἀντιπροσώπων ὅλων τῶν ἐνδιαφερομένων μερῶν.

Η κατάστασις εἰς τὴν περιοχὴν παραμένει ἐξαιρετικῶς κρίσιμος, ἐνῷ αἱ ἀρμόδιαι ἀρχαὶ παρακολουθοῦν στενῶς τὰς ἐξελίξεις. Κατὰ πληροφορίας ἐκ τῶν ἐπισήμων κύκλων, ἡ κυβέρνησις ἐξετάζει τὰ ληπτέα μέτρα διὰ τὴν ἀποκατάστασιν τῆς τάξεως καὶ τὴν προστασίαν τοῦ πληθυσμοῦ. Ἀνακοινώθη ἐπίσης ὅτι αἱ διαπραγματεύσεις θὰ συνεχισθοῦν κατὰ τὰς προσεχεῖς ἡμέρας μὲ τὴν συμμετοχὴν ἀντιπροσώπων ὅλων τῶν ἐνδιαφερομένων μερῶν.

ΜΕΤΡΑ ΑΣΦΑΛΕΙΑΣ
ΔΙΚΑΙΟΜΕΝΗ ΑΙ ΑΝΑΚΡΙΣΕΙΣ

Η κατάστασις εἰς τὴν περιοχὴν παραμένει ἐξαιρετικῶς κρίσιμος, ἐνῷ αἱ ἀρμόδιαι ἀρχαὶ παρακολουθοῦν στενῶς τὰς ἐξελίξεις. Κατὰ πληροφορίας ἐκ τῶν ἐπισήμων κύκλων, ἡ κυβέρνησις ἐξετάζει τὰ ληπτέα μέτρα διὰ τὴν ἀποκατάστασιν τῆς τάξεως καὶ τὴν προστασίαν τοῦ πληθυσμοῦ. Ἀνακοινώθη ἐπίσης ὅτι αἱ διαπραγματεύσεις θὰ συνεχισθοῦν κατὰ τὰς προσεχεῖς ἡμέρας μὲ τὴν συμμετοχὴν ἀντιπροσώπων ὅλων τῶν ἐνδιαφερομένων μερῶν.

ΣΧΟΛΙΑ ΤΟΥ ΠΕΚΙΝΟΥ

Η κατάστασις εἰς τὴν περιοχὴν παραμένει ἐξαιρετικῶς κρίσιμος, ἐνῷ αἱ ἀρμόδιαι ἀρχαὶ παρακολουθοῦν στενῶς τὰς ἐξελίξεις. Κατὰ πληροφορίας ἐκ τῶν ἐπισήμων κύκλων, ἡ κυβέρνησις ἐξετάζει τὰ ληπτέα μέτρα διὰ τὴν ἀποκατάστασιν τῆς τάξεως καὶ τὴν προστασίαν τοῦ πληθυσμοῦ. Ἀνακοινώθη ἐπίσης ὅτι αἱ διαπραγματεύσεις θὰ συνεχισθοῦν κατὰ τὰς προσεχεῖς ἡμέρας μὲ τὴν συμμετοχὴν ἀντιπροσώπων ὅλων τῶν ἐνδιαφερομένων μερῶν.

ΟΙΚΟΝΟΜΙΚΗ ΣΥΝΕΡΓΑΣΙΑ

Η κατάστασις εἰς τὴν περιοχὴν παραμένει ἐξαιρετικῶς κρίσιμος, ἐνῷ αἱ ἀρμόδιαι ἀρχαὶ παρακολουθοῦν στενῶς τὰς ἐξελίξεις. Κατὰ πληροφορίας ἐκ τῶν ἐπισήμων κύκλων, ἡ κυβέρνησις ἐξετάζει τὰ ληπτέα μέτρα διὰ τὴν ἀποκατάστασιν τῆς τάξεως καὶ τὴν προστασίαν τοῦ πληθυσμοῦ. Ἀνακοινώθη ἐπίσης ὅτι αἱ διαπραγματεύσεις θὰ συνεχισθοῦν κατὰ τὰς προσεχεῖς ἡμέρας μὲ τὴν συμμετοχὴν ἀντιπροσώπων ὅλων τῶν ἐνδιαφερομένων μερῶν.

ΑΓΝΩΣΤΟΝ ΑΝ Ο ΠΡΕΣΒΕΥΤΗΣ ΧΑΡΡΙΜΑΝ ΘΑ ΓΙΝΗ ΔΕΚΤΟΣ ΕΙΣ ΤΗΝ ΚΑΜΠΟΔΙΑΝ

Η κατάστασις εἰς τὴν περιοχὴν παραμένει ἐξαιρετικῶς κρίσιμος, ἐνῷ αἱ ἀρμόδιαι ἀρχαὶ παρακολουθοῦν στενῶς τὰς ἐξελίξεις. Κατὰ πληροφορίας ἐκ τῶν ἐπισήμων κύκλων, ἡ κυβέρνησις ἐξετάζει τὰ ληπτέα μέτρα διὰ τὴν ἀποκατάστασιν τῆς τάξεως καὶ τὴν προστασίαν τοῦ πληθυσμοῦ. Ἀνακοινώθη ἐπίσης ὅτι αἱ διαπραγματεύσεις θὰ συνεχισθοῦν κατὰ τὰς προσεχεῖς ἡμέρας μὲ τὴν συμμετοχὴν ἀντιπροσώπων ὅλων τῶν ἐνδιαφερομένων μερῶν.

ΕΛΠΙΔΕΣ ΤΟΥ ΠΑΠΑ

Η κατάστασις εἰς τὴν περιοχὴν παραμένει ἐξαιρετικῶς κρίσιμος, ἐνῷ αἱ ἀρμόδιαι ἀρχαὶ παρακολουθοῦν στενῶς τὰς ἐξελίξεις. Κατὰ πληροφορίας ἐκ τῶν ἐπισήμων κύκλων, ἡ κυβέρνησις ἐξετάζει τὰ ληπτέα μέτρα διὰ τὴν ἀποκατάστασιν τῆς τάξεως καὶ τὴν προστασίαν τοῦ πληθυσμοῦ. Ἀνακοινώθη ἐπίσης ὅτι αἱ διαπραγματεύσεις θὰ συνεχισθοῦν κατὰ τὰς προσεχεῖς ἡμέρας μὲ τὴν συμμετοχὴν ἀντιπροσώπων ὅλων τῶν ἐνδιαφερομένων μερῶν.

ΕΛΕΥΣΙΣ ΤΡΟΦΙΜΩΝ
ΤΟ ΠΑΛΑΙΟ ΠΡΟΣΦΥΓΙΟΝ

Η κατάστασις εἰς τὴν περιοχὴν παραμένει ἐξαιρετικῶς κρίσιμος, ἐνῷ αἱ ἀρμόδιαι ἀρχαὶ παρακολουθοῦν στενῶς τὰς ἐξελίξεις. Κατὰ πληροφορίας ἐκ τῶν ἐπισήμων κύκλων, ἡ κυβέρνησις ἐξετάζει τὰ ληπτέα μέτρα διὰ τὴν ἀποκατάστασιν τῆς τάξεως καὶ τὴν προστασίαν τοῦ πληθυσμοῦ. Ἀνακοινώθη ἐπίσης ὅτι αἱ διαπραγματεύσεις θὰ συνεχισθοῦν κατὰ τὰς προσεχεῖς ἡμέρας μὲ τὴν συμμετοχὴν ἀντιπροσώπων ὅλων τῶν ἐνδιαφερομένων μερῶν.

ΔΙΑΠΙΣΤΩΣΕΙΣ

Η κατάστασις εἰς τὴν περιοχὴν παραμένει ἐξαιρετικῶς κρίσιμος, ἐνῷ αἱ ἀρμόδιαι ἀρχαὶ παρακολουθοῦν στενῶς τὰς ἐξελίξεις. Κατὰ πληροφορίας ἐκ τῶν ἐπισήμων κύκλων, ἡ κυβέρνησις ἐξετάζει τὰ ληπτέα μέτρα διὰ τὴν ἀποκατάστασιν τῆς τάξεως καὶ τὴν προστασίαν τοῦ πληθυσμοῦ. Ἀνακοινώθη ἐπίσης ὅτι αἱ διαπραγματεύσεις θὰ συνεχισθοῦν κατὰ τὰς προσεχεῖς ἡμέρας μὲ τὴν συμμετοχὴν ἀντιπροσώπων ὅλων τῶν ἐνδιαφερομένων μερῶν.

ΑΠΟΣΤΟΛΗ ΕΙΣ ΜΟΣΧΑΝ
ΝΕΟΙ ΟΡΟΙ

Η κατάστασις εἰς τὴν περιοχὴν παραμένει ἐξαιρετικῶς κρίσιμος, ἐνῷ αἱ ἀρμόδιαι ἀρχαὶ παρακολουθοῦν στενῶς τὰς ἐξελίξεις. Κατὰ πληροφορίας ἐκ τῶν ἐπισήμων κύκλων, ἡ κυβέρνησις ἐξετάζει τὰ ληπτέα μέτρα διὰ τὴν ἀποκατάστασιν τῆς τάξεως καὶ τὴν προστασίαν τοῦ πληθυσμοῦ. Ἀνακοινώθη ἐπίσης ὅτι αἱ διαπραγματεύσεις θὰ συνεχισθοῦν κατὰ τὰς προσεχεῖς ἡμέρας μὲ τὴν συμμετοχὴν ἀντιπροσώπων ὅλων τῶν ἐνδιαφερομένων μερῶν.

ΕΠΙΒΕΒΑΙΟΥΤΑΙ

Η κατάστασις εἰς τὴν περιοχὴν παραμένει ἐξαιρετικῶς κρίσιμος, ἐνῷ αἱ ἀρμόδιαι ἀρχαὶ παρακολουθοῦν στενῶς τὰς ἐξελίξεις. Κατὰ πληροφορίας ἐκ τῶν ἐπισήμων κύκλων, ἡ κυβέρνησις ἐξετάζει τὰ ληπτέα μέτρα διὰ τὴν ἀποκατάστασιν τῆς τάξεως καὶ τὴν προστασίαν τοῦ πληθυσμοῦ. Ἀνακοινώθη ἐπίσης ὅτι αἱ διαπραγματεύσεις θὰ συνεχισθοῦν κατὰ τὰς προσεχεῖς ἡμέρας μὲ τὴν συμμετοχὴν ἀντιπροσώπων ὅλων τῶν ἐνδιαφερομένων μερῶν.

ΕΡΗΜΩΣΙΝ ΠΡΟΚΑΛΕΣΑΝ ΟΙ ΣΕΙΣΜΟΙ ΕΙΣ ΤΑΣ ΕΠΑΡΧΙΑΣ ΤΗΣ ΑΝ. ΤΟΥΡΚΙΑΣ
Μετατοπισθεὶς λόφος ἔφραξεν ὁδὸν
ΣΥΝΕΧΕΙΑ

Η κατάστασις εἰς τὴν περιοχὴν παραμένει ἐξαιρετικῶς κρίσιμος, ἐνῷ αἱ ἀρμόδιαι ἀρχαὶ παρακολουθοῦν στενῶς τὰς ἐξελίξεις. Κατὰ πληροφορίας ἐκ τῶν ἐπισήμων κύκλων, ἡ κυβέρνησις ἐξετάζει τὰ ληπτέα μέτρα διὰ τὴν ἀποκατάστασιν τῆς τάξεως καὶ τὴν προστασίαν τοῦ πληθυσμοῦ. Ἀνακοινώθη ἐπίσης ὅτι αἱ διαπραγματεύσεις θὰ συνεχισθοῦν κατὰ τὰς προσεχεῖς ἡμέρας μὲ τὴν συμμετοχὴν ἀντιπροσώπων ὅλων τῶν ἐνδιαφερομένων μερῶν.

Η κατάστασις εἰς τὴν περιοχὴν παραμένει ἐξαιρετικῶς κρίσιμος, ἐνῷ αἱ ἀρμόδιαι ἀρχαὶ παρακολουθοῦν στενῶς τὰς ἐξελίξεις. Κατὰ πληροφορίας ἐκ τῶν ἐπισήμων κύκλων, ἡ κυβέρνησις ἐξετάζει τὰ ληπτέα μέτρα διὰ τὴν ἀποκατάστασιν τῆς τάξεως καὶ τὴν προστασίαν τοῦ πληθυσμοῦ. Ἀνακοινώθη ἐπίσης ὅτι αἱ διαπραγματεύσεις θὰ συνεχισθοῦν κατὰ τὰς προσεχεῖς ἡμέρας μὲ τὴν συμμετοχὴν ἀντιπροσώπων ὅλων τῶν ἐνδιαφερομένων μερῶν.

ΑΔΥΝΑΤΟΣ Η ΔΙΑΣΩΣΙΣ

Η κατάστασις εἰς τὴν περιοχὴν παραμένει ἐξαιρετικῶς κρίσιμος, ἐνῷ αἱ ἀρμόδιαι ἀρχαὶ παρακολουθοῦν στενῶς τὰς ἐξελίξεις. Κατὰ πληροφορίας ἐκ τῶν ἐπισήμων κύκλων, ἡ κυβέρνησις ἐξετάζει τὰ ληπτέα μέτρα διὰ τὴν ἀποκατάστασιν τῆς τάξεως καὶ τὴν προστασίαν τοῦ πληθυσμοῦ. Ἀνακοινώθη ἐπίσης ὅτι αἱ διαπραγματεύσεις θὰ συνεχισθοῦν κατὰ τὰς προσεχεῖς ἡμέρας μὲ τὴν συμμετοχὴν ἀντιπροσώπων ὅλων τῶν ἐνδιαφερομένων μερῶν.

ΤΟ ΕΠΙΚΕΝΤΡΟΝ

Η κατάστασις εἰς τὴν περιοχὴν παραμένει ἐξαιρετικῶς κρίσιμος, ἐνῷ αἱ ἀρμόδιαι ἀρχαὶ παρακολουθοῦν στενῶς τὰς ἐξελίξεις. Κατὰ πληροφορίας ἐκ τῶν ἐπισήμων κύκλων, ἡ κυβέρνησις ἐξετάζει τὰ ληπτέα μέτρα διὰ τὴν ἀποκατάστασιν τῆς τάξεως καὶ τὴν προστασίαν τοῦ πληθυσμοῦ. Ἀνακοινώθη ἐπίσης ὅτι αἱ διαπραγματεύσεις θὰ συνεχισθοῦν κατὰ τὰς προσεχεῖς ἡμέρας μὲ τὴν συμμετοχὴν ἀντιπροσώπων ὅλων τῶν ἐνδιαφερομένων μερῶν.

ΚΑΘΕΤΟΣ ΠΤΩΣΙΣ ΤΩΝ ΤΙΜΩΝ ΕΙΣ ΝΕΑΝ ΥΟΡΚΗΝ
ΣΥΝΕΧΙΖΕΤΑΙ ΑΠΟ ΤΕΤΡΑΗΜΕΡΟΥ

Η κατάστασις εἰς τὴν περιοχὴν παραμένει ἐξαιρετικῶς κρίσιμος, ἐνῷ αἱ ἀρμόδιαι ἀρχαὶ παρακολουθοῦν στενῶς τὰς ἐξελίξεις. Κατὰ πληροφορίας ἐκ τῶν ἐπισήμων κύκλων, ἡ κυβέρνησις ἐξετάζει τὰ ληπτέα μέτρα διὰ τὴν ἀποκατάστασιν τῆς τάξεως καὶ τὴν προστασίαν τοῦ πληθυσμοῦ. Ἀνακοινώθη ἐπίσης ὅτι αἱ διαπραγματεύσεις θὰ συνεχισθοῦν κατὰ τὰς προσεχεῖς ἡμέρας μὲ τὴν συμμετοχὴν ἀντιπροσώπων ὅλων τῶν ἐνδιαφερομένων μερῶν.

ΡΗΓΜΑΤΑ ΕΙΣ ΟΔΟΥΣ

Η κατάστασις εἰς τὴν περιοχὴν παραμένει ἐξαιρετικῶς κρίσιμος, ἐνῷ αἱ ἀρμόδιαι ἀρχαὶ παρακολουθοῦν στενῶς τὰς ἐξελίξεις. Κατὰ πληροφορίας ἐκ τῶν ἐπισήμων κύκλων, ἡ κυβέρνησις ἐξετάζει τὰ ληπτέα μέτρα διὰ τὴν ἀποκατάστασιν τῆς τάξεως καὶ τὴν προστασίαν τοῦ πληθυσμοῦ. Ἀνακοινώθη ἐπίσης ὅτι αἱ διαπραγματεύσεις θὰ συνεχισθοῦν κατὰ τὰς προσεχεῖς ἡμέρας μὲ τὴν συμμετοχὴν ἀντιπροσώπων ὅλων τῶν ἐνδιαφερομένων μερῶν.

ΝΟΣΗΛΕΙΑ ΕΙΣ ΣΧΟΛΕΙΟΝ

Η κατάστασις εἰς τὴν περιοχὴν παραμένει ἐξαιρετικῶς κρίσιμος, ἐνῷ αἱ ἀρμόδιαι ἀρχαὶ παρακολουθοῦν στενῶς τὰς ἐξελίξεις. Κατὰ πληροφορίας ἐκ τῶν ἐπισήμων κύκλων, ἡ κυβέρνησις ἐξετάζει τὰ ληπτέα μέτρα διὰ τὴν ἀποκατάστασιν τῆς τάξεως καὶ τὴν προστασίαν τοῦ πληθυσμοῦ. Ἀνακοινώθη ἐπίσης ὅτι αἱ διαπραγματεύσεις θὰ συνεχισθοῦν κατὰ τὰς προσεχεῖς ἡμέρας μὲ τὴν συμμετοχὴν ἀντιπροσώπων ὅλων τῶν ἐνδιαφερομένων μερῶν.

ΔΥΟ ΦΟΡΤΗΓΑ ΠΛΟΙΑ ΣΥΝΕΚΡΟΥΣΘΗΣΑΝ ΕΙΣ ΤΟ ΓΙΒΡΑΛΤΑΡ

Η κατάστασις εἰς τὴν περιοχὴν παραμένει ἐξαιρετικῶς κρίσιμος, ἐνῷ αἱ ἀρμόδιαι ἀρχαὶ παρακολουθοῦν στενῶς τὰς ἐξελίξεις. Κατὰ πληροφορίας ἐκ τῶν ἐπισήμων κύκλων, ἡ κυβέρνησις ἐξετάζει τὰ ληπτέα μέτρα διὰ τὴν ἀποκατάστασιν τῆς τάξεως καὶ τὴν προστασίαν τοῦ πληθυσμοῦ. Ἀνακοινώθη ἐπίσης ὅτι αἱ διαπραγματεύσεις θὰ συνεχισθοῦν κατὰ τὰς προσεχεῖς ἡμέρας μὲ τὴν συμμετοχὴν ἀντιπροσώπων ὅλων τῶν ἐνδιαφερομένων μερῶν.

Η ΡΩΣΣΙΚΗ ΣΥΜΜΕΤΟΧΗ ΕΙΣ ΤΗΝ ΕΚΘΕΣΙΝ ΤΟΥ ΜΟΝΤΡΕΑΛ

Η κατάστασις εἰς τὴν περιοχὴν παραμένει ἐξαιρετικῶς κρίσιμος, ἐνῷ αἱ ἀρμόδιαι ἀρχαὶ παρακολουθοῦν στενῶς τὰς ἐξελίξεις. Κατὰ πληροφορίας ἐκ τῶν ἐπισήμων κύκλων, ἡ κυβέρνησις ἐξετάζει τὰ ληπτέα μέτρα διὰ τὴν ἀποκατάστασιν τῆς τάξεως καὶ τὴν προστασίαν τοῦ πληθυσμοῦ. Ἀνακοινώθη ἐπίσης ὅτι αἱ διαπραγματεύσεις θὰ συνεχισθοῦν κατὰ τὰς προσεχεῖς ἡμέρας μὲ τὴν συμμετοχὴν ἀντιπροσώπων ὅλων τῶν ἐνδιαφερομένων μερῶν.

ΟΥΔΕΜΙΑΝ ΑΠΟΦΑΣΙΝ ΕΛΑΒΕ ΤΟ ΙΣΡΑΗΛ ΔΙΑ ΤΗΝ ΤΥΧΗΝ ΤΟΥ ΡΩΣΣΙΚΟΥ «ΜΙΓΚ»

Η κατάστασις εἰς τὴν περιοχὴν παραμένει ἐξαιρετικῶς κρίσιμος, ἐνῷ αἱ ἀρμόδιαι ἀρχαὶ παρακολουθοῦν στενῶς τὰς ἐξελίξεις. Κατὰ πληροφορίας ἐκ τῶν ἐπισήμων κύκλων, ἡ κυβέρνησις ἐξετάζει τὰ ληπτέα μέτρα διὰ τὴν ἀποκατάστασιν τῆς τάξεως καὶ τὴν προστασίαν τοῦ πληθυσμοῦ. Ἀνακοινώθη ἐπίσης ὅτι αἱ διαπραγματεύσεις θὰ συνεχισθοῦν κατὰ τὰς προσεχεῖς ἡμέρας μὲ τὴν συμμετοχὴν ἀντιπροσώπων ὅλων τῶν ἐνδιαφερομένων μερῶν.

Η κατάστασις εἰς τὴν περιοχὴν παραμένει ἐξαιρετικῶς κρίσιμος, ἐνῷ αἱ ἀρμόδιαι ἀρχαὶ παρακολουθοῦν στενῶς τὰς ἐξελίξεις. Κατὰ πληροφορίας ἐκ τῶν ἐπισήμων κύκλων, ἡ κυβέρνησις ἐξετάζει τὰ ληπτέα μέτρα διὰ τὴν ἀποκατάστασιν τῆς τάξεως καὶ τὴν προστασίαν τοῦ πληθυσμοῦ. Ἀνακοινώθη ἐπίσης ὅτι αἱ διαπραγματεύσεις θὰ συνεχισθοῦν κατὰ τὰς προσεχεῖς ἡμέρας μὲ τὴν συμμετοχὴν ἀντιπροσώπων ὅλων τῶν ἐνδιαφερομένων μερῶν.

ΝΕΟΝ ΔΙΑΒΗΜΑ

Η κατάστασις εἰς τὴν περιοχὴν παραμένει ἐξαιρετικῶς κρίσιμος, ἐνῷ αἱ ἀρμόδιαι ἀρχαὶ παρακολουθοῦν στενῶς τὰς ἐξελίξεις. Κατὰ πληροφορίας ἐκ τῶν ἐπισήμων κύκλων, ἡ κυβέρνησις ἐξετάζει τὰ ληπτέα μέτρα διὰ τὴν ἀποκατάστασιν τῆς τάξεως καὶ τὴν προστασίαν τοῦ πληθυσμοῦ. Ἀνακοινώθη ἐπίσης ὅτι αἱ διαπραγματεύσεις θὰ συνεχισθοῦν κατὰ τὰς προσεχεῖς ἡμέρας μὲ τὴν συμμετοχὴν ἀντιπροσώπων ὅλων τῶν ἐνδιαφερομένων μερῶν.

ΤΡΙΑΚΟΝΤΑΕΤΙΣ ΚΑΤΕΣΤΗ ΜΑΜΜΗ

Η κατάστασις εἰς τὴν περιοχὴν παραμένει ἐξαιρετικῶς κρίσιμος, ἐνῷ αἱ ἀρμόδιαι ἀρχαὶ παρακολουθοῦν στενῶς τὰς ἐξελίξεις. Κατὰ πληροφορίας ἐκ τῶν ἐπισήμων κύκλων, ἡ κυβέρνησις ἐξετάζει τὰ ληπτέα μέτρα διὰ τὴν ἀποκατάστασιν τῆς τάξεως καὶ τὴν προστασίαν τοῦ πληθυσμοῦ. Ἀνακοινώθη ἐπίσης ὅτι αἱ διαπραγματεύσεις θὰ συνεχισθοῦν κατὰ τὰς προσεχεῖς ἡμέρας μὲ τὴν συμμετοχὴν ἀντιπροσώπων ὅλων τῶν ἐνδιαφερομένων μερῶν.

ΟΙ ΜΗΝΙΓΓΑΣ ΕΙΣ ΒΟΤΣΟΥΑΝΑΝ
ΣΥΣ.
Ἡ Γαλλία ἀρνεῖται νὰ δεχθῇ ἀμερικανικὰς δυνάμεις ἔστω καὶ ἐν καιρῷ πολέμου
Η ΙΔΙΑ ΘΑ ΚΡΙΝΗ ΚΑΙ ΘΑ ΑΠΟΦΑΣΙΣΗ ΟΤΑΝ ΠΑΡΑΣΤΗ ΑΝΑΓΚΗ ΝΑ ΕΠΕΜΒΗ
ΑΝΗΣΥΧΟΥΝ ΟΙ ΕΙΔΙΚΟΙ ΔΙΑ ΤΟ ΜΕΛΛΟΝ ΤΟΥ «ΚΑΤΣΙΚΟΒΟΥ»
ΘΑ ΕΠΑΝΑΛΑΒΟΥΝ ΤΙΣ ΕΚΤΟΞΕΥΣΕΙΣ

Η κατάστασις εἰς τὴν περιοχὴν παραμένει ἐξαιρετικῶς κρίσιμος, ἐνῷ αἱ ἀρμόδιαι ἀρχαὶ παρακολουθοῦν στενῶς τὰς ἐξελίξεις. Κατὰ πληροφορίας ἐκ τῶν ἐπισήμων κύκλων, ἡ κυβέρνησις ἐξετάζει τὰ ληπτέα μέτρα διὰ τὴν ἀποκατάστασιν τῆς τάξεως καὶ τὴν προστασίαν τοῦ πληθυσμοῦ. Ἀνακοινώθη ἐπίσης ὅτι αἱ διαπραγματεύσεις θὰ συνεχισθοῦν κατὰ τὰς προσεχεῖς ἡμέρας μὲ τὴν συμμετοχὴν ἀντιπροσώπων ὅλων τῶν ἐνδιαφερομένων μερῶν.

Ο κ. ΤΖΟΝΣΟΝ ΕΙΣ ΠΕΡΙΟΔΕΙΑΝ

Η κατάστασις εἰς τὴν περιοχὴν παραμένει ἐξαιρετικῶς κρίσιμος, ἐνῷ αἱ ἀρμόδιαι ἀρχαὶ παρακολουθοῦν στενῶς τὰς ἐξελίξεις. Κατὰ πληροφορίας ἐκ τῶν ἐπισήμων κύκλων, ἡ κυβέρνησις ἐξετάζει τὰ ληπτέα μέτρα διὰ τὴν ἀποκατάστασιν τῆς τάξεως καὶ τὴν προστασίαν τοῦ πληθυσμοῦ. Ἀνακοινώθη ἐπίσης ὅτι αἱ διαπραγματεύσεις θὰ συνεχισθοῦν κατὰ τὰς προσεχεῖς ἡμέρας μὲ τὴν συμμετοχὴν ἀντιπροσώπων ὅλων τῶν ἐνδιαφερομένων μερῶν.

Η κατάστασις εἰς τὴν περιοχὴν παραμένει ἐξαιρετικῶς κρίσιμος, ἐνῷ αἱ ἀρμόδιαι ἀρχαὶ παρακολουθοῦν στενῶς τὰς ἐξελίξεις. Κατὰ πληροφορίας ἐκ τῶν ἐπισήμων κύκλων, ἡ κυβέρνησις ἐξετάζει τὰ ληπτέα μέτρα διὰ τὴν ἀποκατάστασιν τῆς τάξεως καὶ τὴν προστασίαν τοῦ πληθυσμοῦ. Ἀνακοινώθη ἐπίσης ὅτι αἱ διαπραγματεύσεις θὰ συνεχισθοῦν κατὰ τὰς προσεχεῖς ἡμέρας μὲ τὴν συμμετοχὴν ἀντιπροσώπων ὅλων τῶν ἐνδιαφερομένων μερῶν.

Η κατάστασις εἰς τὴν περιοχὴν παραμένει ἐξαιρετικῶς κρίσιμος, ἐνῷ αἱ ἀρμόδιαι ἀρχαὶ παρακολουθοῦν στενῶς τὰς ἐξελίξεις. Κατὰ πληροφορίας ἐκ τῶν ἐπισήμων κύκλων, ἡ κυβέρνησις ἐξετάζει τὰ ληπτέα μέτρα διὰ τὴν ἀποκατάστασιν τῆς τάξεως καὶ τὴν προστασίαν τοῦ πληθυσμοῦ. Ἀνακοινώθη ἐπίσης ὅτι αἱ διαπραγματεύσεις θὰ συνεχισθοῦν κατὰ τὰς προσεχεῖς ἡμέρας μὲ τὴν συμμετοχὴν ἀντιπροσώπων ὅλων τῶν ἐνδιαφερομένων μερῶν.

Η κατάστασις εἰς τὴν περιοχὴν παραμένει ἐξαιρετικῶς κρίσιμος, ἐνῷ αἱ ἀρμόδιαι ἀρχαὶ παρακολουθοῦν στενῶς τὰς ἐξελίξεις. Κατὰ πληροφορίας ἐκ τῶν ἐπισήμων κύκλων, ἡ κυβέρνησις ἐξετάζει τὰ ληπτέα μέτρα διὰ τὴν ἀποκατάστασιν τῆς τάξεως καὶ τὴν προστασίαν τοῦ πληθυσμοῦ. Ἀνακοινώθη ἐπίσης ὅτι αἱ διαπραγματεύσεις θὰ συνεχισθοῦν κατὰ τὰς προσεχεῖς ἡμέρας μὲ τὴν συμμετοχὴν ἀντιπροσώπων ὅλων τῶν ἐνδιαφερομένων μερῶν.

ΑΝΤΙΣΥΝΤΑΓΜΑΤΙΚΟΝ ΘΕΩΡΕΙ ΤΟ ΔΙΑΤΑΓΜΑ ΠΕΡΙ ΤΩΝ ΟΡΓΑΝΩΣΕΩΝ ΤΗΣ ΝΕΟΛΑΙΑΣ Ο ΔΙΚΗΓΟΡΙΚΟΣ ΣΥΛΛΟΓΟΣ ΤΩΝ ΑΘΗΝΩΝ

Η κατάστασις εἰς τὴν περιοχὴν παραμένει ἐξαιρετικῶς κρίσιμος, ἐνῷ αἱ ἀρμόδιαι ἀρχαὶ παρακολουθοῦν στενῶς τὰς ἐξελίξεις. Κατὰ πληροφορίας ἐκ τῶν ἐπισήμων κύκλων, ἡ κυβέρνησις ἐξετάζει τὰ ληπτέα μέτρα διὰ τὴν ἀποκατάστασιν τῆς τάξεως καὶ τὴν προστασίαν τοῦ πληθυσμοῦ. Ἀνακοινώθη ἐπίσης ὅτι αἱ διαπραγματεύσεις θὰ συνεχισθοῦν κατὰ τὰς προσεχεῖς ἡμέρας μὲ τὴν συμμετοχὴν ἀντιπροσώπων ὅλων τῶν ἐνδιαφερομένων μερῶν.

Η ΣΤΡΑΤΙΩΤΙΚΗ ΕΜΦΑΝΙΣΙΣ ΤΟΥ ΜΑΟ ΚΑΙ ΛΙΝ ΠΙΑΟ ΑΠΑΣΧΟΛΕΙ ΚΑΘΗΜΕΡΙΝΩΣ ΤΟΝ ΚΙΝΕΖΙΚΟΝ ΤΥΠΟΝ
ΕΜΕΙΩΘΗ Η ΠΑΡΑΓΩΓΗ ΔΗΜΗΤΡΙΑΚΩΝ ΕΙΣ ΗΝΩΜ. ΠΟΛΙΤΕΙΑΣ

Η κατάστασις εἰς τὴν περιοχὴν παραμένει ἐξαιρετικῶς κρίσιμος, ἐνῷ αἱ ἀρμόδιαι ἀρχαὶ παρακολουθοῦν στενῶς τὰς ἐξελίξεις. Κατὰ πληροφορίας ἐκ τῶν ἐπισήμων κύκλων, ἡ κυβέρνησις ἐξετάζει τὰ ληπτέα μέτρα διὰ τὴν ἀποκατάστασιν τῆς τάξεως καὶ τὴν προστασίαν τοῦ πληθυσμοῦ. Ἀνακοινώθη ἐπίσης ὅτι αἱ διαπραγματεύσεις θὰ συνεχισθοῦν κατὰ τὰς προσεχεῖς ἡμέρας μὲ τὴν συμμετοχὴν ἀντιπροσώπων ὅλων τῶν ἐνδιαφερομένων μερῶν.

ΕΚΛΗΘΗ ΕΙΣ ΑΠΟΛΟΓΙΑΝ ΕΠΕΙΔΗ ΠΑΡΗΚΟΛΟΥΘΗΣΕ ΣΥΝΑΥΛΙΑΝ ΘΕΟΔΩΡΑΚΗ

Η κατάστασις εἰς τὴν περιοχὴν παραμένει ἐξαιρετικῶς κρίσιμος, ἐνῷ αἱ ἀρμόδιαι ἀρχαὶ παρακολουθοῦν στενῶς τὰς ἐξελίξεις. Κατὰ πληροφορίας ἐκ τῶν ἐπισήμων κύκλων, ἡ κυβέρνησις ἐξετάζει τὰ ληπτέα μέτρα διὰ τὴν ἀποκατάστασιν τῆς τάξεως καὶ τὴν προστασίαν τοῦ πληθυσμοῦ. Ἀνακοινώθη ἐπίσης ὅτι αἱ διαπραγματεύσεις θὰ συνεχισθοῦν κατὰ τὰς προσεχεῖς ἡμέρας μὲ τὴν συμμετοχὴν ἀντιπροσώπων ὅλων τῶν ἐνδιαφερομένων μερῶν.

Η κατάστασις εἰς τὴν περιοχὴν παραμένει ἐξαιρετικῶς κρίσιμος, ἐνῷ αἱ ἀρμόδιαι ἀρχαὶ παρακολουθοῦν στενῶς τὰς ἐξελίξεις. Κατὰ πληροφορίας ἐκ τῶν ἐπισήμων κύκλων, ἡ κυβέρνησις ἐξετάζει τὰ ληπτέα μέτρα διὰ τὴν ἀποκατάστασιν τῆς τάξεως καὶ τὴν προστασίαν τοῦ πληθυσμοῦ. Ἀνακοινώθη ἐπίσης ὅτι αἱ διαπραγματεύσεις θὰ συνεχισθοῦν κατὰ τὰς προσεχεῖς ἡμέρας μὲ τὴν συμμετοχὴν ἀντιπροσώπων ὅλων τῶν ἐνδιαφερομένων μερῶν.

Η ΕΠΑΝΑΣΙΣ ΤΩΝ ΣΥΖΥΓΩΝ

Η κατάστασις εἰς τὴν περιοχὴν παραμένει ἐξαιρετικῶς κρίσιμος, ἐνῷ αἱ ἀρμόδιαι ἀρχαὶ παρακολουθοῦν στενῶς τὰς ἐξελίξεις. Κατὰ πληροφορίας ἐκ τῶν ἐπισήμων κύκλων, ἡ κυβέρνησις ἐξετάζει τὰ ληπτέα μέτρα διὰ τὴν ἀποκατάστασιν τῆς τάξεως καὶ τὴν προστασίαν τοῦ πληθυσμοῦ. Ἀνακοινώθη ἐπίσης ὅτι αἱ διαπραγματεύσεις θὰ συνεχισθοῦν κατὰ τὰς προσεχεῖς ἡμέρας μὲ τὴν συμμετοχὴν ἀντιπροσώπων ὅλων τῶν ἐνδιαφερομένων μερῶν.

ΗΡΧΙΣΑΝ ΑΙ ΕΟΡΤΑΣΤΙΚΑΙ ΕΚΔΗΛΩΣΕΙΣ ΕΙΣ ΤΟ ΠΑΡΙΣΙ ΕΠΙ ΤΗ ΕΠΕΤΕΙΩ ΤΗΣ ΑΠΕΛΕΥΘΕΡΩΣΕΩΣ ΑΠΟ ΤΟΥΣ ΝΑΖΙ

Η κατάστασις εἰς τὴν περιοχὴν παραμένει ἐξαιρετικῶς κρίσιμος, ἐνῷ αἱ ἀρμόδιαι ἀρχαὶ παρακολουθοῦν στενῶς τὰς ἐξελίξεις. Κατὰ πληροφορίας ἐκ τῶν ἐπισήμων κύκλων, ἡ κυβέρνησις ἐξετάζει τὰ ληπτέα μέτρα διὰ τὴν ἀποκατάστασιν τῆς τάξεως καὶ τὴν προστασίαν τοῦ πληθυσμοῦ. Ἀνακοινώθη ἐπίσης ὅτι αἱ διαπραγματεύσεις θὰ συνεχισθοῦν κατὰ τὰς προσεχεῖς ἡμέρας μὲ τὴν συμμετοχὴν ἀντιπροσώπων ὅλων τῶν ἐνδιαφερομένων μερῶν.

ΕΠΙΒΛΗΤΙΚΗ Η ΣΥΜΜΕΤΟΧΗ ΤΗΣ ΕΛΛΑΔΟΣ ΕΙΣ ΤΟ ΔΙΕΘΝΕΣ ΦΕΣΤΙΒΑΛ ΤΟΥ ΕΔΙΜΒΟΥΡΓΟΥ
ΣΥΝΕΛΗΦΘΗ ΔΙΟΤΙ ΕΞΥΒΡΙΣΕ ΤΟΝ Κ. ΤΖΟΝΣΟΝ

Η κατάστασις εἰς τὴν περιοχὴν παραμένει ἐξαιρετικῶς κρίσιμος, ἐνῷ αἱ ἀρμόδιαι ἀρχαὶ παρακολουθοῦν στενῶς τὰς ἐξελίξεις. Κατὰ πληροφορίας ἐκ τῶν ἐπισήμων κύκλων, ἡ κυβέρνησις ἐξετάζει τὰ ληπτέα μέτρα διὰ τὴν ἀποκατάστασιν τῆς τάξεως καὶ τὴν προστασίαν τοῦ πληθυσμοῦ. Ἀνακοινώθη ἐπίσης ὅτι αἱ διαπραγματεύσεις θὰ συνεχισθοῦν κατὰ τὰς προσεχεῖς ἡμέρας μὲ τὴν συμμετοχὴν ἀντιπροσώπων ὅλων τῶν ἐνδιαφερομένων μερῶν.

ΤΟ ΠΑΚΙΣΤΑΝ ΕΟΡΤΑΖΕΙ ΤΗΝ «ΗΜΕΡΑΝ ΑΛΛΑΝ»

Η κατάστασις εἰς τὴν περιοχὴν παραμένει ἐξαιρετικῶς κρίσιμος, ἐνῷ αἱ ἀρμόδιαι ἀρχαὶ παρακολουθοῦν στενῶς τὰς ἐξελίξεις. Κατὰ πληροφορίας ἐκ τῶν ἐπισήμων κύκλων, ἡ κυβέρνησις ἐξετάζει τὰ ληπτέα μέτρα διὰ τὴν ἀποκατάστασιν τῆς τάξεως καὶ τὴν προστασίαν τοῦ πληθυσμοῦ. Ἀνακοινώθη ἐπίσης ὅτι αἱ διαπραγματεύσεις θὰ συνεχισθοῦν κατὰ τὰς προσεχεῖς ἡμέρας μὲ τὴν συμμετοχὴν ἀντιπροσώπων ὅλων τῶν ἐνδιαφερομένων μερῶν.

Η κατάστασις εἰς τὴν περιοχὴν παραμένει ἐξαιρετικῶς κρίσιμος, ἐνῷ αἱ ἀρμόδιαι ἀρχαὶ παρακολουθοῦν στενῶς τὰς ἐξελίξεις. Κατὰ πληροφορίας ἐκ τῶν ἐπισήμων κύκλων, ἡ κυβέρνησις ἐξετάζει τὰ ληπτέα μέτρα διὰ τὴν ἀποκατάστασιν τῆς τάξεως καὶ τὴν προστασίαν τοῦ πληθυσμοῦ. Ἀνακοινώθη ἐπίσης ὅτι αἱ διαπραγματεύσεις θὰ συνεχισθοῦν κατὰ τὰς προσεχεῖς ἡμέρας μὲ τὴν συμμετοχὴν ἀντιπροσώπων ὅλων τῶν ἐνδιαφερομένων μερῶν.

ΣΥΝΕΛΗΦΘΗ ΕΝΤΟΣ ΧΑΡΤΟΠΑΙΚΤΙΚΗΣ ΛΕΣΧΗΣ Ο ΙΘΥΝΩΝ ΝΟΥΣ ΤΩΝ ΛΗΣΤΩΝ ΤΟΥ ΜΟΝΤΡΕΑΛ

Η κατάστασις εἰς τὴν περιοχὴν παραμένει ἐξαιρετικῶς κρίσιμος, ἐνῷ αἱ ἀρμόδιαι ἀρχαὶ παρακολουθοῦν στενῶς τὰς ἐξελίξεις. Κατὰ πληροφορίας ἐκ τῶν ἐπισήμων κύκλων, ἡ κυβέρνησις ἐξετάζει τὰ ληπτέα μέτρα διὰ τὴν ἀποκατάστασιν τῆς τάξεως καὶ τὴν προστασίαν τοῦ πληθυσμοῦ. Ἀνακοινώθη ἐπίσης ὅτι αἱ διαπραγματεύσεις θὰ συνεχισθοῦν κατὰ τὰς προσεχεῖς ἡμέρας μὲ τὴν συμμετοχὴν ἀντιπροσώπων ὅλων τῶν ἐνδιαφερομένων μερῶν.

ΣΙΔΗΡΟΥΝ ΚΙΒΩΤΙΟΝ ΜΕ ΠΤΩΜΑ ΓΥΝΑΙΚΟΣ ΑΝΕΥΡΕΘΗ ΑΠΟ ΜΙΑΝ ΔΙΩΡΥΓΑ ΤΗΣ ΛΙΛΛΗΣ

Η κατάστασις εἰς τὴν περιοχὴν παραμένει ἐξαιρετικῶς κρίσιμος, ἐνῷ αἱ ἀρμόδιαι ἀρχαὶ παρακολουθοῦν στενῶς τὰς ἐξελίξεις. Κατὰ πληροφορίας ἐκ τῶν ἐπισήμων κύκλων, ἡ κυβέρνησις ἐξετάζει τὰ ληπτέα μέτρα διὰ τὴν ἀποκατάστασιν τῆς τάξεως καὶ τὴν προστασίαν τοῦ πληθυσμοῦ. Ἀνακοινώθη ἐπίσης ὅτι αἱ διαπραγματεύσεις θὰ συνεχισθοῦν κατὰ τὰς προσεχεῖς ἡμέρας μὲ τὴν συμμετοχὴν ἀντιπροσώπων ὅλων τῶν ἐνδιαφερομένων μερῶν.

Η ΒΟΝΝΗ ΔΕΝ ΕΓΚΑΤΑΛΕΙΠΕΙ ΤΗΝ ΑΠΟΨΙΝ ΟΤΙ ΕΚΠΡΟΣΩΠΕΙ ΜΟΝΗ ΤΗΝ ΓΕΡΜΑΝΙΑΝ

Η κατάστασις εἰς τὴν περιοχὴν παραμένει ἐξαιρετικῶς κρίσιμος, ἐνῷ αἱ ἀρμόδιαι ἀρχαὶ παρακολουθοῦν στενῶς τὰς ἐξελίξεις. Κατὰ πληροφορίας ἐκ τῶν ἐπισήμων κύκλων, ἡ κυβέρνησις ἐξετάζει τὰ ληπτέα μέτρα διὰ τὴν ἀποκατάστασιν τῆς τάξεως καὶ τὴν προστασίαν τοῦ πληθυσμοῦ. Ἀνακοινώθη ἐπίσης ὅτι αἱ διαπραγματεύσεις θὰ συνεχισθοῦν κατὰ τὰς προσεχεῖς ἡμέρας μὲ τὴν συμμετοχὴν ἀντιπροσώπων ὅλων τῶν ἐνδιαφερομένων μερῶν.
